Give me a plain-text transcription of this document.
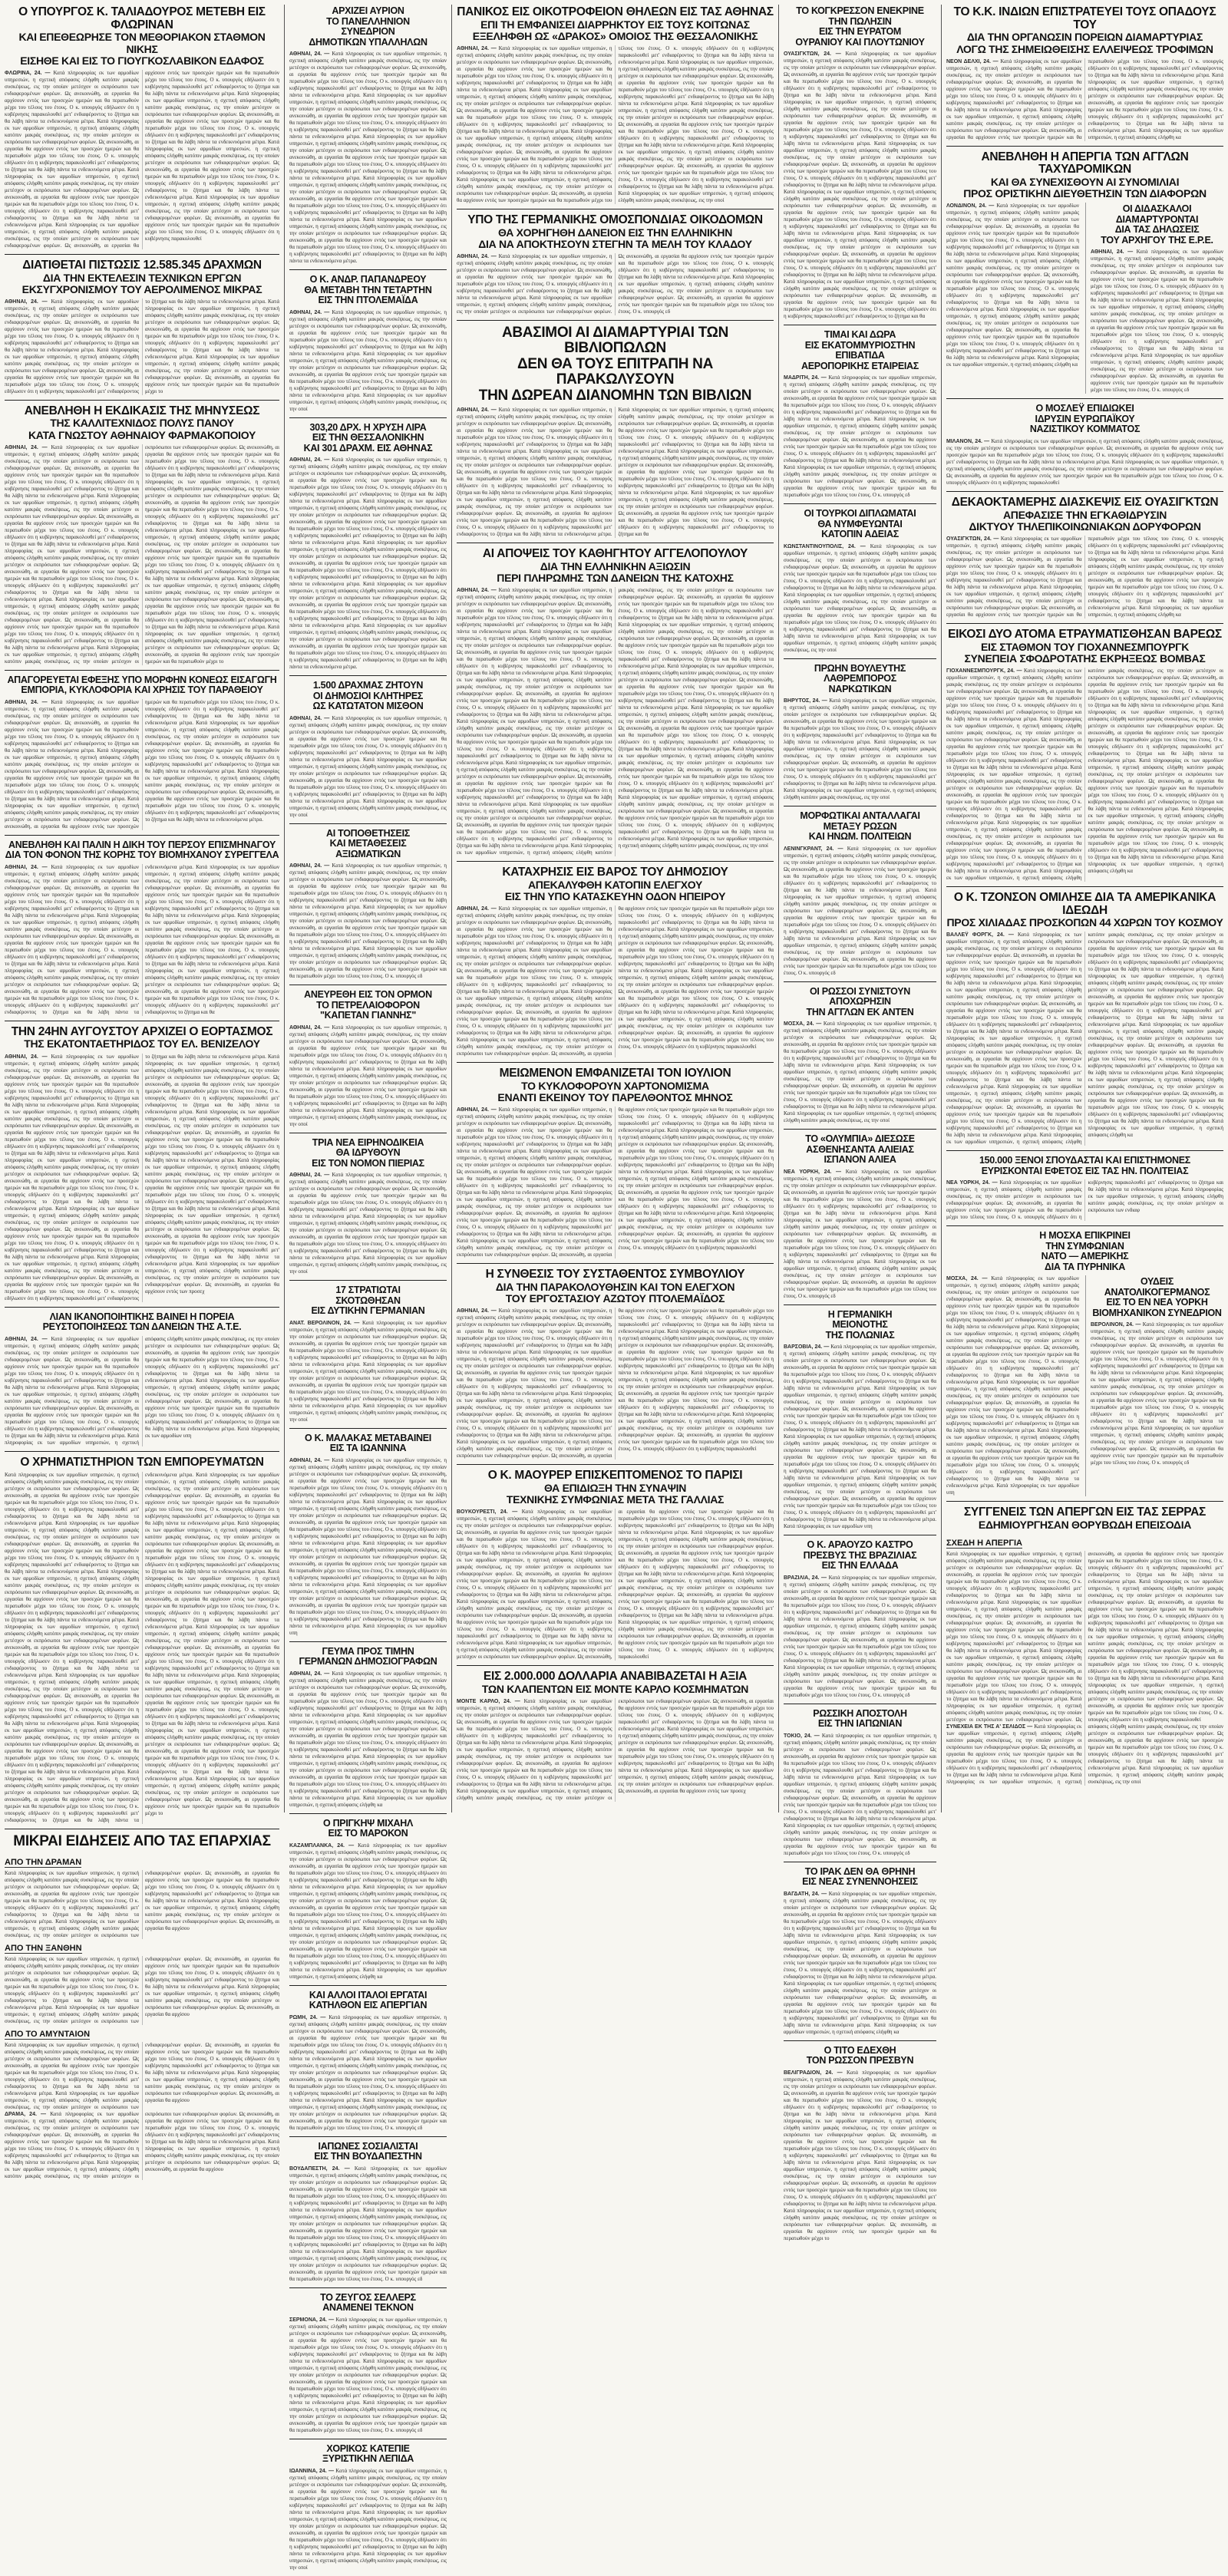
Ο ΥΠΟΥΡΓΟΣ Κ. ΤΑΛΙΑΔΟΥΡΟΣ ΜΕΤΕΒΗ ΕΙΣ ΦΛΩΡΙΝΑΝ
ΚΑΙ ΕΠΕΘΕΩΡΗΣΕ ΤΟΝ ΜΕΘΟΡΙΑΚΟΝ ΣΤΑΘΜΟΝ ΝΙΚΗΣ
ΕΙΣΗΘΕ ΚΑΙ ΕΙΣ ΤΟ ΓΙΟΥΓΚΟΣΛΑΒΙΚΟΝ ΕΔΑΦΟΣ

ΦΛΩΡΙΝΑ, 24. — Κατά πληροφορίας εκ των αρμοδίων υπηρεσιών, η σχετική απόφασις ελήφθη κατόπιν μακράς συσκέψεως, εις την οποίαν μετέσχον οι εκπρόσωποι των ενδιαφερομένων φορέων. Ως ανεκοινώθη, αι εργασίαι θα αρχίσουν εντός των προσεχών ημερών και θα περατωθούν μέχρι του τέλους του έτους. Ο κ. υπουργός εδήλωσεν ότι η κυβέρνησις παρακολουθεί μετ' ενδιαφέροντος το ζήτημα και θα λάβη πάντα τα ενδεικνυόμενα μέτρα. Κατά πληροφορίας εκ των αρμοδίων υπηρεσιών, η σχετική απόφασις ελήφθη κατόπιν μακράς συσκέψεως, εις την οποίαν μετέσχον οι εκπρόσωποι των ενδιαφερομένων φορέων. Ως ανεκοινώθη, αι εργασίαι θα αρχίσουν εντός των προσεχών ημερών και θα περατωθούν μέχρι του τέλους του έτους. Ο κ. υπουργός εδήλωσεν ότι η κυβέρνησις παρακολουθεί μετ' ενδιαφέροντος το ζήτημα και θα λάβη πάντα τα ενδεικνυόμενα μέτρα. Κατά πληροφορίας εκ των αρμοδίων υπηρεσιών, η σχετική απόφασις ελήφθη κατόπιν μακράς συσκέψεως, εις την οποίαν μετέσχον οι εκπρόσωποι των ενδιαφερομένων φορέων. Ως ανεκοινώθη, αι εργασίαι θα αρχίσουν εντός των προσεχών ημερών και θα περατωθούν μέχρι του τέλους του έτους. Ο κ. υπουργός εδήλωσεν ότι η κυβέρνησις παρακολουθεί μετ' ενδιαφέροντος το ζήτημα και θα λάβη πάντα τα ενδεικνυόμενα μέτρα. Κατά πληροφορίας εκ των αρμοδίων υπηρεσιών, η σχετική απόφασις ελήφθη κατόπιν μακράς συσκέψεως, εις την οποίαν μετέσχον οι εκπρόσωποι των ενδιαφερομένων φορέων. Ως ανεκοινώθη, αι εργασίαι θα αρχίσουν εντός των προσεχών ημερών και θα περατωθούν μέχρι του τέλους του έτους. Ο κ. υπουργός εδήλωσεν ότι η κυβέρνησις παρακολουθεί μετ' ενδιαφέροντος το ζήτημα και θα λάβη πάντα τα ενδεικνυόμενα μέτρα. Κατά πληροφορίας εκ των αρμοδίων υπηρεσιών, η σχετική απόφασις ελήφθη κατόπιν μακράς συσκέψεως, εις την οποίαν μετέσχον οι εκπρόσωποι των ενδιαφερομένων φορέων. Ως ανεκοινώθη, αι εργασίαι θα αρχίσουν εντός των προσεχών ημερών και θα περατωθούν μέχρι του τέλους του έτους. Ο κ. υπουργός εδήλωσεν ότι η κυβέρνησις παρακολουθεί μετ' ενδιαφέροντος το ζήτημα και θα λάβη πάντα τα ενδεικνυόμενα μέτρα. Κατά πληροφορίας εκ των αρμοδίων υπηρεσιών, η σχετική απόφασις ελήφθη κατόπιν μακράς συσκέψεως, εις την οποίαν μετέσχον οι εκπρόσωποι των ενδιαφερομένων φορέων. Ως ανεκοινώθη, αι εργασίαι θα αρχίσουν εντός των προσεχών ημερών και θα περατωθούν μέχρι του τέλους του έτους. Ο κ. υπουργός εδήλωσεν ότι η κυβέρνησις παρακολουθεί μετ' ενδιαφέροντος το ζήτημα και θα λάβη πάντα τα ενδεικνυόμενα μέτρα. Κατά πληροφορίας εκ των αρμοδίων υπηρεσιών, η σχετική απόφασις ελήφθη κατόπιν μακράς συσκέψεως, εις την οποίαν μετέσχον οι εκπρόσωποι των ενδιαφερομένων φορέων. Ως ανεκοινώθη, αι εργασίαι θα αρχίσουν εντός των προσεχών ημερών και θα περατωθούν μέχρι του τέλους του έτους. Ο κ. υπουργός εδήλωσεν ότι η κυβέρνησις παρακολουθεί

ΔΙΑΤΙΘΕΤΑΙ ΠΙΣΤΩΣΙΣ 12.585.345 ΔΡΑΧΜΩΝ
ΔΙΑ ΤΗΝ ΕΚΤΕΛΕΣΙΝ ΤΕΧΝΙΚΩΝ ΕΡΓΩΝ
ΕΚΣΥΓΧΡΟΝΙΣΜΟΥ ΤΟΥ ΑΕΡΟΛΙΜΕΝΟΣ ΜΙΚΡΑΣ

ΑΘΗΝΑΙ, 24. — Κατά πληροφορίας εκ των αρμοδίων υπηρεσιών, η σχετική απόφασις ελήφθη κατόπιν μακράς συσκέψεως, εις την οποίαν μετέσχον οι εκπρόσωποι των ενδιαφερομένων φορέων. Ως ανεκοινώθη, αι εργασίαι θα αρχίσουν εντός των προσεχών ημερών και θα περατωθούν μέχρι του τέλους του έτους. Ο κ. υπουργός εδήλωσεν ότι η κυβέρνησις παρακολουθεί μετ' ενδιαφέροντος το ζήτημα και θα λάβη πάντα τα ενδεικνυόμενα μέτρα. Κατά πληροφορίας εκ των αρμοδίων υπηρεσιών, η σχετική απόφασις ελήφθη κατόπιν μακράς συσκέψεως, εις την οποίαν μετέσχον οι εκπρόσωποι των ενδιαφερομένων φορέων. Ως ανεκοινώθη, αι εργασίαι θα αρχίσουν εντός των προσεχών ημερών και θα περατωθούν μέχρι του τέλους του έτους. Ο κ. υπουργός εδήλωσεν ότι η κυβέρνησις παρακολουθεί μετ' ενδιαφέροντος το ζήτημα και θα λάβη πάντα τα ενδεικνυόμενα μέτρα. Κατά πληροφορίας εκ των αρμοδίων υπηρεσιών, η σχετική απόφασις ελήφθη κατόπιν μακράς συσκέψεως, εις την οποίαν μετέσχον οι εκπρόσωποι των ενδιαφερομένων φορέων. Ως ανεκοινώθη, αι εργασίαι θα αρχίσουν εντός των προσεχών ημερών και θα περατωθούν μέχρι του τέλους του έτους. Ο κ. υπουργός εδήλωσεν ότι η κυβέρνησις παρακολουθεί μετ' ενδιαφέροντος το ζήτημα και θα λάβη πάντα τα ενδεικνυόμενα μέτρα. Κατά πληροφορίας εκ των αρμοδίων υπηρεσιών, η σχετική απόφασις ελήφθη κατόπιν μακράς συσκέψεως, εις την οποίαν μετέσχον οι εκπρόσωποι των ενδιαφερομένων φορέων. Ως ανεκοινώθη, αι εργασίαι θα αρχίσουν εντός των προσεχών ημερών και θα περατωθούν μέχρι το

ΑΝΕΒΛΗΘΗ Η ΕΚΔΙΚΑΣΙΣ ΤΗΣ ΜΗΝΥΣΕΩΣ
ΤΗΣ ΚΑΛΛΙΤΕΧΝΙΔΟΣ ΠΟΛΥΣ ΠΑΝΟΥ
ΚΑΤΑ ΓΝΩΣΤΟΥ ΑΘΗΝΑΙΟΥ ΦΑΡΜΑΚΟΠΟΙΟΥ

ΑΘΗΝΑΙ, 24. — Κατά πληροφορίας εκ των αρμοδίων υπηρεσιών, η σχετική απόφασις ελήφθη κατόπιν μακράς συσκέψεως, εις την οποίαν μετέσχον οι εκπρόσωποι των ενδιαφερομένων φορέων. Ως ανεκοινώθη, αι εργασίαι θα αρχίσουν εντός των προσεχών ημερών και θα περατωθούν μέχρι του τέλους του έτους. Ο κ. υπουργός εδήλωσεν ότι η κυβέρνησις παρακολουθεί μετ' ενδιαφέροντος το ζήτημα και θα λάβη πάντα τα ενδεικνυόμενα μέτρα. Κατά πληροφορίας εκ των αρμοδίων υπηρεσιών, η σχετική απόφασις ελήφθη κατόπιν μακράς συσκέψεως, εις την οποίαν μετέσχον οι εκπρόσωποι των ενδιαφερομένων φορέων. Ως ανεκοινώθη, αι εργασίαι θα αρχίσουν εντός των προσεχών ημερών και θα περατωθούν μέχρι του τέλους του έτους. Ο κ. υπουργός εδήλωσεν ότι η κυβέρνησις παρακολουθεί μετ' ενδιαφέροντος το ζήτημα και θα λάβη πάντα τα ενδεικνυόμενα μέτρα. Κατά πληροφορίας εκ των αρμοδίων υπηρεσιών, η σχετική απόφασις ελήφθη κατόπιν μακράς συσκέψεως, εις την οποίαν μετέσχον οι εκπρόσωποι των ενδιαφερομένων φορέων. Ως ανεκοινώθη, αι εργασίαι θα αρχίσουν εντός των προσεχών ημερών και θα περατωθούν μέχρι του τέλους του έτους. Ο κ. υπουργός εδήλωσεν ότι η κυβέρνησις παρακολουθεί μετ' ενδιαφέροντος το ζήτημα και θα λάβη πάντα τα ενδεικνυόμενα μέτρα. Κατά πληροφορίας εκ των αρμοδίων υπηρεσιών, η σχετική απόφασις ελήφθη κατόπιν μακράς συσκέψεως, εις την οποίαν μετέσχον οι εκπρόσωποι των ενδιαφερομένων φορέων. Ως ανεκοινώθη, αι εργασίαι θα αρχίσουν εντός των προσεχών ημερών και θα περατωθούν μέχρι του τέλους του έτους. Ο κ. υπουργός εδήλωσεν ότι η κυβέρνησις παρακολουθεί μετ' ενδιαφέροντος το ζήτημα και θα λάβη πάντα τα ενδεικνυόμενα μέτρα. Κατά πληροφορίας εκ των αρμοδίων υπηρεσιών, η σχετική απόφασις ελήφθη κατόπιν μακράς συσκέψεως, εις την οποίαν μετέσχον οι εκπρόσωποι των ενδιαφερομένων φορέων. Ως ανεκοινώθη, αι εργασίαι θα αρχίσουν εντός των προσεχών ημερών και θα περατωθούν μέχρι του τέλους του έτους. Ο κ. υπουργός εδήλωσεν ότι η κυβέρνησις παρακολουθεί μετ' ενδιαφέροντος το ζήτημα και θα λάβη πάντα τα ενδεικνυόμενα μέτρα. Κατά πληροφορίας εκ των αρμοδίων υπηρεσιών, η σχετική απόφασις ελήφθη κατόπιν μακράς συσκέψεως, εις την οποίαν μετέσχον οι εκπρόσωποι των ενδιαφερομένων φορέων. Ως ανεκοινώθη, αι εργασίαι θα αρχίσουν εντός των προσεχών ημερών και θα περατωθούν μέχρι του τέλους του έτους. Ο κ. υπουργός εδήλωσεν ότι η κυβέρνησις παρακολουθεί μετ' ενδιαφέροντος το ζήτημα και θα λάβη πάντα τα ενδεικνυόμενα μέτρα. Κατά πληροφορίας εκ των αρμοδίων υπηρεσιών, η σχετική απόφασις ελήφθη κατόπιν μακράς συσκέψεως, εις την οποίαν μετέσχον οι εκπρόσωποι των ενδιαφερομένων φορέων. Ως ανεκοινώθη, αι εργασίαι θα αρχίσουν εντός των προσεχών ημερών και θα περατωθούν μέχρι του τέλους του έτους. Ο κ. υπουργός εδήλωσεν ότι η κυβέρνησις παρακολουθεί μετ' ενδιαφέροντος το ζήτημα και θα λάβη πάντα τα ενδεικνυόμενα μέτρα. Κατά πληροφορίας εκ των αρμοδίων υπηρεσιών, η σχετική απόφασις ελήφθη κατόπιν μακράς συσκέψεως, εις την οποίαν μετέσχον οι εκπρόσωποι των ενδιαφερομένων φορέων. Ως ανεκοινώθη, αι εργασίαι θα αρχίσουν εντός των προσεχών ημερών και θα περατωθούν μέχρι του τέλους του έτους. Ο κ. υπουργός εδήλωσεν ότι η κυβέρνησις παρακολουθεί μετ' ενδιαφέροντος το ζήτημα και θα λάβη πάντα τα ενδεικνυόμενα μέτρα. Κατά πληροφορίας εκ των αρμοδίων υπηρεσιών, η σχετική απόφασις ελήφθη κατόπιν μακράς συσκέψεως, εις την οποίαν μετέσχον οι εκπρόσωποι των ενδιαφερομένων φορέων. Ως ανεκοινώθη, αι εργασίαι θα αρχίσουν εντός των προσεχών ημερών και θα περατωθούν μέχρι το

ΑΠΑΓΟΡΕΥΕΤΑΙ ΕΦΕΞΗΣ ΥΠΟ ΜΟΡΦΗΝ ΚΟΝΕΩΣ ΕΙΣΑΓΩΓΗ
ΕΜΠΟΡΙΑ, ΚΥΚΛΟΦΟΡΙΑ ΚΑΙ ΧΡΗΣΙΣ ΤΟΥ ΠΑΡΑΘΕΙΟΥ

ΑΘΗΝΑΙ, 24. — Κατά πληροφορίας εκ των αρμοδίων υπηρεσιών, η σχετική απόφασις ελήφθη κατόπιν μακράς συσκέψεως, εις την οποίαν μετέσχον οι εκπρόσωποι των ενδιαφερομένων φορέων. Ως ανεκοινώθη, αι εργασίαι θα αρχίσουν εντός των προσεχών ημερών και θα περατωθούν μέχρι του τέλους του έτους. Ο κ. υπουργός εδήλωσεν ότι η κυβέρνησις παρακολουθεί μετ' ενδιαφέροντος το ζήτημα και θα λάβη πάντα τα ενδεικνυόμενα μέτρα. Κατά πληροφορίας εκ των αρμοδίων υπηρεσιών, η σχετική απόφασις ελήφθη κατόπιν μακράς συσκέψεως, εις την οποίαν μετέσχον οι εκπρόσωποι των ενδιαφερομένων φορέων. Ως ανεκοινώθη, αι εργασίαι θα αρχίσουν εντός των προσεχών ημερών και θα περατωθούν μέχρι του τέλους του έτους. Ο κ. υπουργός εδήλωσεν ότι η κυβέρνησις παρακολουθεί μετ' ενδιαφέροντος το ζήτημα και θα λάβη πάντα τα ενδεικνυόμενα μέτρα. Κατά πληροφορίας εκ των αρμοδίων υπηρεσιών, η σχετική απόφασις ελήφθη κατόπιν μακράς συσκέψεως, εις την οποίαν μετέσχον οι εκπρόσωποι των ενδιαφερομένων φορέων. Ως ανεκοινώθη, αι εργασίαι θα αρχίσουν εντός των προσεχών ημερών και θα περατωθούν μέχρι του τέλους του έτους. Ο κ. υπουργός εδήλωσεν ότι η κυβέρνησις παρακολουθεί μετ' ενδιαφέροντος το ζήτημα και θα λάβη πάντα τα ενδεικνυόμενα μέτρα. Κατά πληροφορίας εκ των αρμοδίων υπηρεσιών, η σχετική απόφασις ελήφθη κατόπιν μακράς συσκέψεως, εις την οποίαν μετέσχον οι εκπρόσωποι των ενδιαφερομένων φορέων. Ως ανεκοινώθη, αι εργασίαι θα αρχίσουν εντός των προσεχών ημερών και θα περατωθούν μέχρι του τέλους του έτους. Ο κ. υπουργός εδήλωσεν ότι η κυβέρνησις παρακολουθεί μετ' ενδιαφέροντος το ζήτημα και θα λάβη πάντα τα ενδεικνυόμενα μέτρα. Κατά πληροφορίας εκ των αρμοδίων υπηρεσιών, η σχετική απόφασις ελήφθη κατόπιν μακράς συσκέψεως, εις την οποίαν μετέσχον οι εκπρόσωποι των ενδιαφερομένων φορέων. Ως ανεκοινώθη, αι εργασίαι θα αρχίσουν εντός των προσεχών ημερών και θα περατωθούν μέχρι του τέλους του έτους. Ο κ. υπουργός εδήλωσεν ότι η κυβέρνησις παρακολουθεί μετ' ενδιαφέροντος το ζήτημα και θα λάβη πάντα τα ενδεικνυόμενα μέτρα.

ΑΝΕΒΛΗΘΗ ΚΑΙ ΠΑΛΙΝ Η ΔΙΚΗ ΤΟΥ ΠΕΡΣΟΥ ΕΠΙΣΜΗΝΑΓΟΥ
ΔΙΑ ΤΟΝ ΦΟΝΟΝ ΤΗΣ ΚΟΡΗΣ ΤΟΥ ΒΙΟΜΗΧΑΝΟΥ ΣΥΡΕΓΓΕΛΑ

ΑΘΗΝΑΙ, 24. — Κατά πληροφορίας εκ των αρμοδίων υπηρεσιών, η σχετική απόφασις ελήφθη κατόπιν μακράς συσκέψεως, εις την οποίαν μετέσχον οι εκπρόσωποι των ενδιαφερομένων φορέων. Ως ανεκοινώθη, αι εργασίαι θα αρχίσουν εντός των προσεχών ημερών και θα περατωθούν μέχρι του τέλους του έτους. Ο κ. υπουργός εδήλωσεν ότι η κυβέρνησις παρακολουθεί μετ' ενδιαφέροντος το ζήτημα και θα λάβη πάντα τα ενδεικνυόμενα μέτρα. Κατά πληροφορίας εκ των αρμοδίων υπηρεσιών, η σχετική απόφασις ελήφθη κατόπιν μακράς συσκέψεως, εις την οποίαν μετέσχον οι εκπρόσωποι των ενδιαφερομένων φορέων. Ως ανεκοινώθη, αι εργασίαι θα αρχίσουν εντός των προσεχών ημερών και θα περατωθούν μέχρι του τέλους του έτους. Ο κ. υπουργός εδήλωσεν ότι η κυβέρνησις παρακολουθεί μετ' ενδιαφέροντος το ζήτημα και θα λάβη πάντα τα ενδεικνυόμενα μέτρα. Κατά πληροφορίας εκ των αρμοδίων υπηρεσιών, η σχετική απόφασις ελήφθη κατόπιν μακράς συσκέψεως, εις την οποίαν μετέσχον οι εκπρόσωποι των ενδιαφερομένων φορέων. Ως ανεκοινώθη, αι εργασίαι θα αρχίσουν εντός των προσεχών ημερών και θα περατωθούν μέχρι του τέλους του έτους. Ο κ. υπουργός εδήλωσεν ότι η κυβέρνησις παρακολουθεί μετ' ενδιαφέροντος το ζήτημα και θα λάβη πάντα τα ενδεικνυόμενα μέτρα. Κατά πληροφορίας εκ των αρμοδίων υπηρεσιών, η σχετική απόφασις ελήφθη κατόπιν μακράς συσκέψεως, εις την οποίαν μετέσχον οι εκπρόσωποι των ενδιαφερομένων φορέων. Ως ανεκοινώθη, αι εργασίαι θα αρχίσουν εντός των προσεχών ημερών και θα περατωθούν μέχρι του τέλους του έτους. Ο κ. υπουργός εδήλωσεν ότι η κυβέρνησις παρακολουθεί μετ' ενδιαφέροντος το ζήτημα και θα λάβη πάντα τα ενδεικνυόμενα μέτρα. Κατά πληροφορίας εκ των αρμοδίων υπηρεσιών, η σχετική απόφασις ελήφθη κατόπιν μακράς συσκέψεως, εις την οποίαν μετέσχον οι εκπρόσωποι των ενδιαφερομένων φορέων. Ως ανεκοινώθη, αι εργασίαι θα αρχίσουν εντός των προσεχών ημερών και θα περατωθούν μέχρι του τέλους του έτους. Ο κ. υπουργός εδήλωσεν ότι η κυβέρνησις παρακολουθεί μετ' ενδιαφέροντος το ζήτημα και θα λάβη πάντα τα ενδεικνυόμενα μέτρα. Κατά πληροφορίας εκ των αρμοδίων υπηρεσιών, η σχετική απόφασις ελήφθη κατόπιν μακράς συσκέψεως, εις την οποίαν μετέσχον οι εκπρόσωποι των ενδιαφερομένων φορέων. Ως ανεκοινώθη, αι εργασίαι θα αρχίσουν εντός των προσεχών ημερών και θα περατωθούν μέχρι του τέλους του έτους. Ο κ. υπουργός εδήλωσεν ότι η κυβέρνησις παρακολουθεί μετ' ενδιαφέροντος το ζήτημα και θα

ΤΗΝ 24ΗΝ ΑΥΓΟΥΣΤΟΥ ΑΡΧΙΖΕΙ Ο ΕΟΡΤΑΣΜΟΣ
ΤΗΣ ΕΚΑΤΟΝΤΑΕΤΗΡΙΔΟΣ ΤΟΥ ΕΛ. ΒΕΝΙΖΕΛΟΥ

ΑΘΗΝΑΙ, 24. — Κατά πληροφορίας εκ των αρμοδίων υπηρεσιών, η σχετική απόφασις ελήφθη κατόπιν μακράς συσκέψεως, εις την οποίαν μετέσχον οι εκπρόσωποι των ενδιαφερομένων φορέων. Ως ανεκοινώθη, αι εργασίαι θα αρχίσουν εντός των προσεχών ημερών και θα περατωθούν μέχρι του τέλους του έτους. Ο κ. υπουργός εδήλωσεν ότι η κυβέρνησις παρακολουθεί μετ' ενδιαφέροντος το ζήτημα και θα λάβη πάντα τα ενδεικνυόμενα μέτρα. Κατά πληροφορίας εκ των αρμοδίων υπηρεσιών, η σχετική απόφασις ελήφθη κατόπιν μακράς συσκέψεως, εις την οποίαν μετέσχον οι εκπρόσωποι των ενδιαφερομένων φορέων. Ως ανεκοινώθη, αι εργασίαι θα αρχίσουν εντός των προσεχών ημερών και θα περατωθούν μέχρι του τέλους του έτους. Ο κ. υπουργός εδήλωσεν ότι η κυβέρνησις παρακολουθεί μετ' ενδιαφέροντος το ζήτημα και θα λάβη πάντα τα ενδεικνυόμενα μέτρα. Κατά πληροφορίας εκ των αρμοδίων υπηρεσιών, η σχετική απόφασις ελήφθη κατόπιν μακράς συσκέψεως, εις την οποίαν μετέσχον οι εκπρόσωποι των ενδιαφερομένων φορέων. Ως ανεκοινώθη, αι εργασίαι θα αρχίσουν εντός των προσεχών ημερών και θα περατωθούν μέχρι του τέλους του έτους. Ο κ. υπουργός εδήλωσεν ότι η κυβέρνησις παρακολουθεί μετ' ενδιαφέροντος το ζήτημα και θα λάβη πάντα τα ενδεικνυόμενα μέτρα. Κατά πληροφορίας εκ των αρμοδίων υπηρεσιών, η σχετική απόφασις ελήφθη κατόπιν μακράς συσκέψεως, εις την οποίαν μετέσχον οι εκπρόσωποι των ενδιαφερομένων φορέων. Ως ανεκοινώθη, αι εργασίαι θα αρχίσουν εντός των προσεχών ημερών και θα περατωθούν μέχρι του τέλους του έτους. Ο κ. υπουργός εδήλωσεν ότι η κυβέρνησις παρακολουθεί μετ' ενδιαφέροντος το ζήτημα και θα λάβη πάντα τα ενδεικνυόμενα μέτρα. Κατά πληροφορίας εκ των αρμοδίων υπηρεσιών, η σχετική απόφασις ελήφθη κατόπιν μακράς συσκέψεως, εις την οποίαν μετέσχον οι εκπρόσωποι των ενδιαφερομένων φορέων. Ως ανεκοινώθη, αι εργασίαι θα αρχίσουν εντός των προσεχών ημερών και θα περατωθούν μέχρι του τέλους του έτους. Ο κ. υπουργός εδήλωσεν ότι η κυβέρνησις παρακολουθεί μετ' ενδιαφέροντος το ζήτημα και θα λάβη πάντα τα ενδεικνυόμενα μέτρα. Κατά πληροφορίας εκ των αρμοδίων υπηρεσιών, η σχετική απόφασις ελήφθη κατόπιν μακράς συσκέψεως, εις την οποίαν μετέσχον οι εκπρόσωποι των ενδιαφερομένων φορέων. Ως ανεκοινώθη, αι εργασίαι θα αρχίσουν εντός των προσεχών ημερών και θα περατωθούν μέχρι του τέλους του έτους. Ο κ. υπουργός εδήλωσεν ότι η κυβέρνησις παρακολουθεί μετ' ενδιαφέροντος το ζήτημα και θα λάβη πάντα τα ενδεικνυόμενα μέτρα. Κατά πληροφορίας εκ των αρμοδίων υπηρεσιών, η σχετική απόφασις ελήφθη κατόπιν μακράς συσκέψεως, εις την οποίαν μετέσχον οι εκπρόσωποι των ενδιαφερομένων φορέων. Ως ανεκοινώθη, αι εργασίαι θα αρχίσουν εντός των προσεχών ημερών και θα περατωθούν μέχρι του τέλους του έτους. Ο κ. υπουργός εδήλωσεν ότι η κυβέρνησις παρακολουθεί μετ' ενδιαφέροντος το ζήτημα και θα λάβη πάντα τα ενδεικνυόμενα μέτρα. Κατά πληροφορίας εκ των αρμοδίων υπηρεσιών, η σχετική απόφασις ελήφθη κατόπιν μακράς συσκέψεως, εις την οποίαν μετέσχον οι εκπρόσωποι των ενδιαφερομένων φορέων. Ως ανεκοινώθη, αι εργασίαι θα αρχίσουν εντός των προσεχών ημερών και θα περατωθούν μέχρι του τέλους του έτους. Ο κ. υπουργός εδήλωσεν ότι η κυβέρνησις παρακολουθεί μετ' ενδιαφέροντος το ζήτημα και θα λάβη πάντα τα ενδεικνυόμενα μέτρα. Κατά πληροφορίας εκ των αρμοδίων υπηρεσιών, η σχετική απόφασις ελήφθη κατόπιν μακράς συσκέψεως, εις την οποίαν μετέσχον οι εκπρόσωποι των ενδιαφερομένων φορέων. Ως ανεκοινώθη, αι εργασίαι θα αρχίσουν εντός των προσεχών ημερών και θα περατωθούν μέχρι του τέλους του έτους. Ο κ. υπουργός εδήλωσεν ότι η κυβέρνησις παρακολουθεί μετ' ενδιαφέροντος το ζήτημα και θα λάβη πάντα τα ενδεικνυόμενα μέτρα. Κατά πληροφορίας εκ των αρμοδίων υπηρεσιών, η σχετική απόφασις ελήφθη κατόπιν μακράς συσκέψεως, εις την οποίαν μετέσχον οι εκπρόσωποι των ενδιαφερομένων φορέων. Ως ανεκοινώθη, αι εργασίαι θα αρχίσουν εντός των προσεχ

ΛΙΑΝ ΙΚΑΝΟΠΟΙΗΤΙΚΗΣ ΒΑΙΝΕΙ Η ΠΟΡΕΙΑ
ΡΕΥΣΤΟΠΟΙΗΣΕΩΣ ΤΩΝ ΔΑΝΕΙΩΝ ΤΗΣ Α.Τ.Ε.

ΑΘΗΝΑΙ, 24. — Κατά πληροφορίας εκ των αρμοδίων υπηρεσιών, η σχετική απόφασις ελήφθη κατόπιν μακράς συσκέψεως, εις την οποίαν μετέσχον οι εκπρόσωποι των ενδιαφερομένων φορέων. Ως ανεκοινώθη, αι εργασίαι θα αρχίσουν εντός των προσεχών ημερών και θα περατωθούν μέχρι του τέλους του έτους. Ο κ. υπουργός εδήλωσεν ότι η κυβέρνησις παρακολουθεί μετ' ενδιαφέροντος το ζήτημα και θα λάβη πάντα τα ενδεικνυόμενα μέτρα. Κατά πληροφορίας εκ των αρμοδίων υπηρεσιών, η σχετική απόφασις ελήφθη κατόπιν μακράς συσκέψεως, εις την οποίαν μετέσχον οι εκπρόσωποι των ενδιαφερομένων φορέων. Ως ανεκοινώθη, αι εργασίαι θα αρχίσουν εντός των προσεχών ημερών και θα περατωθούν μέχρι του τέλους του έτους. Ο κ. υπουργός εδήλωσεν ότι η κυβέρνησις παρακολουθεί μετ' ενδιαφέροντος το ζήτημα και θα λάβη πάντα τα ενδεικνυόμενα μέτρα. Κατά πληροφορίας εκ των αρμοδίων υπηρεσιών, η σχετική απόφασις ελήφθη κατόπιν μακράς συσκέψεως, εις την οποίαν μετέσχον οι εκπρόσωποι των ενδιαφερομένων φορέων. Ως ανεκοινώθη, αι εργασίαι θα αρχίσουν εντός των προσεχών ημερών και θα περατωθούν μέχρι του τέλους του έτους. Ο κ. υπουργός εδήλωσεν ότι η κυβέρνησις παρακολουθεί μετ' ενδιαφέροντος το ζήτημα και θα λάβη πάντα τα ενδεικνυόμενα μέτρα. Κατά πληροφορίας εκ των αρμοδίων υπηρεσιών, η σχετική απόφασις ελήφθη κατόπιν μακράς συσκέψεως, εις την οποίαν μετέσχον οι εκπρόσωποι των ενδιαφερομένων φορέων. Ως ανεκοινώθη, αι εργασίαι θα αρχίσουν εντός των προσεχών ημερών και θα περατωθούν μέχρι του τέλους του έτους. Ο κ. υπουργός εδήλωσεν ότι η κυβέρνησις παρακολουθεί μετ' ενδιαφέροντος το ζήτημα και θα λάβη πάντα τα ενδεικνυόμενα μέτρα. Κατά πληροφορίας εκ των αρμοδίων υπη

Ο ΧΡΗΜΑΤΙΣΤΗΡΙΟΝ ΤΩΝ ΕΜΠΟΡΕΥΜΑΤΩΝ

Κατά πληροφορίας εκ των αρμοδίων υπηρεσιών, η σχετική απόφασις ελήφθη κατόπιν μακράς συσκέψεως, εις την οποίαν μετέσχον οι εκπρόσωποι των ενδιαφερομένων φορέων. Ως ανεκοινώθη, αι εργασίαι θα αρχίσουν εντός των προσεχών ημερών και θα περατωθούν μέχρι του τέλους του έτους. Ο κ. υπουργός εδήλωσεν ότι η κυβέρνησις παρακολουθεί μετ' ενδιαφέροντος το ζήτημα και θα λάβη πάντα τα ενδεικνυόμενα μέτρα. Κατά πληροφορίας εκ των αρμοδίων υπηρεσιών, η σχετική απόφασις ελήφθη κατόπιν μακράς συσκέψεως, εις την οποίαν μετέσχον οι εκπρόσωποι των ενδιαφερομένων φορέων. Ως ανεκοινώθη, αι εργασίαι θα αρχίσουν εντός των προσεχών ημερών και θα περατωθούν μέχρι του τέλους του έτους. Ο κ. υπουργός εδήλωσεν ότι η κυβέρνησις παρακολουθεί μετ' ενδιαφέροντος το ζήτημα και θα λάβη πάντα τα ενδεικνυόμενα μέτρα. Κατά πληροφορίας εκ των αρμοδίων υπηρεσιών, η σχετική απόφασις ελήφθη κατόπιν μακράς συσκέψεως, εις την οποίαν μετέσχον οι εκπρόσωποι των ενδιαφερομένων φορέων. Ως ανεκοινώθη, αι εργασίαι θα αρχίσουν εντός των προσεχών ημερών και θα περατωθούν μέχρι του τέλους του έτους. Ο κ. υπουργός εδήλωσεν ότι η κυβέρνησις παρακολουθεί μετ' ενδιαφέροντος το ζήτημα και θα λάβη πάντα τα ενδεικνυόμενα μέτρα. Κατά πληροφορίας εκ των αρμοδίων υπηρεσιών, η σχετική απόφασις ελήφθη κατόπιν μακράς συσκέψεως, εις την οποίαν μετέσχον οι εκπρόσωποι των ενδιαφερομένων φορέων. Ως ανεκοινώθη, αι εργασίαι θα αρχίσουν εντός των προσεχών ημερών και θα περατωθούν μέχρι του τέλους του έτους. Ο κ. υπουργός εδήλωσεν ότι η κυβέρνησις παρακολουθεί μετ' ενδιαφέροντος το ζήτημα και θα λάβη πάντα τα ενδεικνυόμενα μέτρα. Κατά πληροφορίας εκ των αρμοδίων υπηρεσιών, η σχετική απόφασις ελήφθη κατόπιν μακράς συσκέψεως, εις την οποίαν μετέσχον οι εκπρόσωποι των ενδιαφερομένων φορέων. Ως ανεκοινώθη, αι εργασίαι θα αρχίσουν εντός των προσεχών ημερών και θα περατωθούν μέχρι του τέλους του έτους. Ο κ. υπουργός εδήλωσεν ότι η κυβέρνησις παρακολουθεί μετ' ενδιαφέροντος το ζήτημα και θα λάβη πάντα τα ενδεικνυόμενα μέτρα. Κατά πληροφορίας εκ των αρμοδίων υπηρεσιών, η σχετική απόφασις ελήφθη κατόπιν μακράς συσκέψεως, εις την οποίαν μετέσχον οι εκπρόσωποι των ενδιαφερομένων φορέων. Ως ανεκοινώθη, αι εργασίαι θα αρχίσουν εντός των προσεχών ημερών και θα περατωθούν μέχρι του τέλους του έτους. Ο κ. υπουργός εδήλωσεν ότι η κυβέρνησις παρακολουθεί μετ' ενδιαφέροντος το ζήτημα και θα λάβη πάντα τα ενδεικνυόμενα μέτρα. Κατά πληροφορίας εκ των αρμοδίων υπηρεσιών, η σχετική απόφασις ελήφθη κατόπιν μακράς συσκέψεως, εις την οποίαν μετέσχον οι εκπρόσωποι των ενδιαφερομένων φορέων. Ως ανεκοινώθη, αι εργασίαι θα αρχίσουν εντός των προσεχών ημερών και θα περατωθούν μέχρι του τέλους του έτους. Ο κ. υπουργός εδήλωσεν ότι η κυβέρνησις παρακολουθεί μετ' ενδιαφέροντος το ζήτημα και θα λάβη πάντα τα ενδεικνυόμενα μέτρα. Κατά πληροφορίας εκ των αρμοδίων υπηρεσιών, η σχετική απόφασις ελήφθη κατόπιν μακράς συσκέψεως, εις την οποίαν μετέσχον οι εκπρόσωποι των ενδιαφερομένων φορέων. Ως ανεκοινώθη, αι εργασίαι θα αρχίσουν εντός των προσεχών ημερών και θα περατωθούν μέχρι του τέλους του έτους. Ο κ. υπουργός εδήλωσεν ότι η κυβέρνησις παρακολουθεί μετ' ενδιαφέροντος το ζήτημα και θα λάβη πάντα τα ενδεικνυόμενα μέτρα. Κατά πληροφορίας εκ των αρμοδίων υπηρεσιών, η σχετική απόφασις ελήφθη κατόπιν μακράς συσκέψεως, εις την οποίαν μετέσχον οι εκπρόσωποι των ενδιαφερομένων φορέων. Ως ανεκοινώθη, αι εργασίαι θα αρχίσουν εντός των προσεχών ημερών και θα περατωθούν μέχρι του τέλους του έτους. Ο κ. υπουργός εδήλωσεν ότι η κυβέρνησις παρακολουθεί μετ' ενδιαφέροντος το ζήτημα και θα λάβη πάντα τα ενδεικνυόμενα μέτρα. Κατά πληροφορίας εκ των αρμοδίων υπηρεσιών, η σχετική απόφασις ελήφθη κατόπιν μακράς συσκέψεως, εις την οποίαν μετέσχον οι εκπρόσωποι των ενδιαφερομένων φορέων. Ως ανεκοινώθη, αι εργασίαι θα αρχίσουν εντός των προσεχών ημερών και θα περατωθούν μέχρι του τέλους του έτους. Ο κ. υπουργός εδήλωσεν ότι η κυβέρνησις παρακολουθεί μετ' ενδιαφέροντος το ζήτημα και θα λάβη πάντα τα ενδεικνυόμενα μέτρα. Κατά πληροφορίας εκ των αρμοδίων υπηρεσιών, η σχετική απόφασις ελήφθη κατόπιν μακράς συσκέψεως, εις την οποίαν μετέσχον οι εκπρόσωποι των ενδιαφερομένων φορέων. Ως ανεκοινώθη, αι εργασίαι θα αρχίσουν εντός των προσεχών ημερών και θα περατωθούν μέχρι του τέλους του έτους. Ο κ. υπουργός εδήλωσεν ότι η κυβέρνησις παρακολουθεί μετ' ενδιαφέροντος το ζήτημα και θα λάβη πάντα τα ενδεικνυόμενα μέτρα. Κατά πληροφορίας εκ των αρμοδίων υπηρεσιών, η σχετική απόφασις ελήφθη κατόπιν μακράς συσκέψεως, εις την οποίαν μετέσχον οι εκπρόσωποι των ενδιαφερομένων φορέων. Ως ανεκοινώθη, αι εργασίαι θα αρχίσουν εντός των προσεχών ημερών και θα περατωθούν μέχρι του τέλους του έτους. Ο κ. υπουργός εδήλωσεν ότι η κυβέρνησις παρακολουθεί μετ' ενδιαφέροντος το ζήτημα και θα λάβη πάντα τα ενδεικνυόμενα μέτρα. Κατά πληροφορίας εκ των αρμοδίων υπηρεσιών, η σχετική απόφασις ελήφθη κατόπιν μακράς συσκέψεως, εις την οποίαν μετέσχον οι εκπρόσωποι των ενδιαφερομένων φορέων. Ως ανεκοινώθη, αι εργασίαι θα αρχίσουν εντός των προσεχών ημερών και θα περατωθούν μέχρι του τέλους του έτους. Ο κ. υπουργός εδήλωσεν ότι η κυβέρνησις παρακολουθεί μετ' ενδιαφέροντος το ζήτημα και θα λάβη πάντα τα ενδεικνυόμενα μέτρα. Κατά πληροφορίας εκ των αρμοδίων υπηρεσιών, η σχετική απόφασις ελήφθη κατόπιν μακράς συσκέψεως, εις την οποίαν μετέσχον οι εκπρόσωποι των ενδιαφερομένων φορέων. Ως ανεκοινώθη, αι εργασίαι θα αρχίσουν εντός των προσεχών ημερών και θα περατωθούν μέχρι το

ΜΙΚΡΑΙ ΕΙΔΗΣΕΙΣ ΑΠΟ ΤΑΣ ΕΠΑΡΧΙΑΣ
ΑΠΟ ΤΗΝ ΔΡΑΜΑΝ

Κατά πληροφορίας εκ των αρμοδίων υπηρεσιών, η σχετική απόφασις ελήφθη κατόπιν μακράς συσκέψεως, εις την οποίαν μετέσχον οι εκπρόσωποι των ενδιαφερομένων φορέων. Ως ανεκοινώθη, αι εργασίαι θα αρχίσουν εντός των προσεχών ημερών και θα περατωθούν μέχρι του τέλους του έτους. Ο κ. υπουργός εδήλωσεν ότι η κυβέρνησις παρακολουθεί μετ' ενδιαφέροντος το ζήτημα και θα λάβη πάντα τα ενδεικνυόμενα μέτρα. Κατά πληροφορίας εκ των αρμοδίων υπηρεσιών, η σχετική απόφασις ελήφθη κατόπιν μακράς συσκέψεως, εις την οποίαν μετέσχον οι εκπρόσωποι των ενδιαφερομένων φορέων. Ως ανεκοινώθη, αι εργασίαι θα αρχίσουν εντός των προσεχών ημερών και θα περατωθούν μέχρι του τέλους του έτους. Ο κ. υπουργός εδήλωσεν ότι η κυβέρνησις παρακολουθεί μετ' ενδιαφέροντος το ζήτημα και θα λάβη πάντα τα ενδεικνυόμενα μέτρα. Κατά πληροφορίας εκ των αρμοδίων υπηρεσιών, η σχετική απόφασις ελήφθη κατόπιν μακράς συσκέψεως, εις την οποίαν μετέσχον οι εκπρόσωποι των ενδιαφερομένων φορέων. Ως ανεκοινώθη, αι εργασίαι θα αρχίσου

ΑΠΟ ΤΗΝ ΞΑΝΘΗΝ

Κατά πληροφορίας εκ των αρμοδίων υπηρεσιών, η σχετική απόφασις ελήφθη κατόπιν μακράς συσκέψεως, εις την οποίαν μετέσχον οι εκπρόσωποι των ενδιαφερομένων φορέων. Ως ανεκοινώθη, αι εργασίαι θα αρχίσουν εντός των προσεχών ημερών και θα περατωθούν μέχρι του τέλους του έτους. Ο κ. υπουργός εδήλωσεν ότι η κυβέρνησις παρακολουθεί μετ' ενδιαφέροντος το ζήτημα και θα λάβη πάντα τα ενδεικνυόμενα μέτρα. Κατά πληροφορίας εκ των αρμοδίων υπηρεσιών, η σχετική απόφασις ελήφθη κατόπιν μακράς συσκέψεως, εις την οποίαν μετέσχον οι εκπρόσωποι των ενδιαφερομένων φορέων. Ως ανεκοινώθη, αι εργασίαι θα αρχίσουν εντός των προσεχών ημερών και θα περατωθούν μέχρι του τέλους του έτους. Ο κ. υπουργός εδήλωσεν ότι η κυβέρνησις παρακολουθεί μετ' ενδιαφέροντος το ζήτημα και θα λάβη πάντα τα ενδεικνυόμενα μέτρα. Κατά πληροφορίας εκ των αρμοδίων υπηρεσιών, η σχετική απόφασις ελήφθη κατόπιν μακράς συσκέψεως, εις την οποίαν μετέσχον οι εκπρόσωποι των ενδιαφερομένων φορέων. Ως ανεκοινώθη, αι εργασίαι θα αρχίσου

ΑΠΟ ΤΟ ΑΜΥΝΤΑΙΟΝ

Κατά πληροφορίας εκ των αρμοδίων υπηρεσιών, η σχετική απόφασις ελήφθη κατόπιν μακράς συσκέψεως, εις την οποίαν μετέσχον οι εκπρόσωποι των ενδιαφερομένων φορέων. Ως ανεκοινώθη, αι εργασίαι θα αρχίσουν εντός των προσεχών ημερών και θα περατωθούν μέχρι του τέλους του έτους. Ο κ. υπουργός εδήλωσεν ότι η κυβέρνησις παρακολουθεί μετ' ενδιαφέροντος το ζήτημα και θα λάβη πάντα τα ενδεικνυόμενα μέτρα. Κατά πληροφορίας εκ των αρμοδίων υπηρεσιών, η σχετική απόφασις ελήφθη κατόπιν μακράς συσκέψεως, εις την οποίαν μετέσχον οι εκπρόσωποι των ενδιαφερομένων φορέων. Ως ανεκοινώθη, αι εργασίαι θα αρχίσουν εντός των προσεχών ημερών και θα περατωθούν μέχρι του τέλους του έτους. Ο κ. υπουργός εδήλωσεν ότι η κυβέρνησις παρακολουθεί μετ' ενδιαφέροντος το ζήτημα και θα λάβη πάντα τα ενδεικνυόμενα μέτρα. Κατά πληροφορίας εκ των αρμοδίων υπηρεσιών, η σχετική απόφασις ελήφθη κατόπιν μακράς συσκέψεως, εις την οποίαν μετέσχον οι εκπρόσωποι των ενδιαφερομένων φορέων. Ως ανεκοινώθη, αι εργασίαι θα αρχίσου

ΔΡΑΜΑ, 24. — Κατά πληροφορίας εκ των αρμοδίων υπηρεσιών, η σχετική απόφασις ελήφθη κατόπιν μακράς συσκέψεως, εις την οποίαν μετέσχον οι εκπρόσωποι των ενδιαφερομένων φορέων. Ως ανεκοινώθη, αι εργασίαι θα αρχίσουν εντός των προσεχών ημερών και θα περατωθούν μέχρι του τέλους του έτους. Ο κ. υπουργός εδήλωσεν ότι η κυβέρνησις παρακολουθεί μετ' ενδιαφέροντος το ζήτημα και θα λάβη πάντα τα ενδεικνυόμενα μέτρα. Κατά πληροφορίας εκ των αρμοδίων υπηρεσιών, η σχετική απόφασις ελήφθη κατόπιν μακράς συσκέψεως, εις την οποίαν μετέσχον οι εκπρόσωποι των ενδιαφερομένων φορέων. Ως ανεκοινώθη, αι εργασίαι θα αρχίσουν εντός των προσεχών ημερών και θα περατωθούν μέχρι του τέλους του έτους. Ο κ. υπουργός εδήλωσεν ότι η κυβέρνησις παρακολουθεί μετ' ενδιαφέροντος το ζήτημα και θα λάβη πάντα τα ενδεικνυόμενα μέτρα. Κατά πληροφορίας εκ των αρμοδίων υπηρεσιών, η σχετική απόφασις ελήφθη κατόπιν μακράς συσκέψεως, εις την οποίαν μετέσχον οι εκπρόσωποι των ενδιαφερομένων φορέων. Ως ανεκοινώθη, αι εργασίαι θα αρχίσου

ΑΡΧΙΖΕΙ ΑΥΡΙΟΝ
ΤΟ ΠΑΝΕΛΛΗΝΙΟΝ
ΣΥΝΕΔΡΙΟΝ
ΔΗΜΟΤΙΚΩΝ ΥΠΑΛΛΗΛΩΝ

ΑΘΗΝΑΙ, 24. — Κατά πληροφορίας εκ των αρμοδίων υπηρεσιών, η σχετική απόφασις ελήφθη κατόπιν μακράς συσκέψεως, εις την οποίαν μετέσχον οι εκπρόσωποι των ενδιαφερομένων φορέων. Ως ανεκοινώθη, αι εργασίαι θα αρχίσουν εντός των προσεχών ημερών και θα περατωθούν μέχρι του τέλους του έτους. Ο κ. υπουργός εδήλωσεν ότι η κυβέρνησις παρακολουθεί μετ' ενδιαφέροντος το ζήτημα και θα λάβη πάντα τα ενδεικνυόμενα μέτρα. Κατά πληροφορίας εκ των αρμοδίων υπηρεσιών, η σχετική απόφασις ελήφθη κατόπιν μακράς συσκέψεως, εις την οποίαν μετέσχον οι εκπρόσωποι των ενδιαφερομένων φορέων. Ως ανεκοινώθη, αι εργασίαι θα αρχίσουν εντός των προσεχών ημερών και θα περατωθούν μέχρι του τέλους του έτους. Ο κ. υπουργός εδήλωσεν ότι η κυβέρνησις παρακολουθεί μετ' ενδιαφέροντος το ζήτημα και θα λάβη πάντα τα ενδεικνυόμενα μέτρα. Κατά πληροφορίας εκ των αρμοδίων υπηρεσιών, η σχετική απόφασις ελήφθη κατόπιν μακράς συσκέψεως, εις την οποίαν μετέσχον οι εκπρόσωποι των ενδιαφερομένων φορέων. Ως ανεκοινώθη, αι εργασίαι θα αρχίσουν εντός των προσεχών ημερών και θα περατωθούν μέχρι του τέλους του έτους. Ο κ. υπουργός εδήλωσεν ότι η κυβέρνησις παρακολουθεί μετ' ενδιαφέροντος το ζήτημα και θα λάβη πάντα τα ενδεικνυόμενα μέτρα. Κατά πληροφορίας εκ των αρμοδίων υπηρεσιών, η σχετική απόφασις ελήφθη κατόπιν μακράς συσκέψεως, εις την οποίαν μετέσχον οι εκπρόσωποι των ενδιαφερομένων φορέων. Ως ανεκοινώθη, αι εργασίαι θα αρχίσουν εντός των προσεχών ημερών και θα περατωθούν μέχρι του τέλους του έτους. Ο κ. υπουργός εδήλωσεν ότι η κυβέρνησις παρακολουθεί μετ' ενδιαφέροντος το ζήτημα και θα λάβη πάντα τα ενδεικνυόμενα μέτρα. Κατά πληροφορίας εκ των αρμοδίων υπηρεσιών, η σχετική απόφασις ελήφθη κατόπιν μακράς συσκέψεως, εις την οποίαν μετέσχον οι εκπρόσωποι των ενδιαφερομένων φορέων. Ως ανεκοινώθη, αι εργασίαι θα αρχίσουν εντός των προσεχών ημερών και θα περατωθούν μέχρι του τέλους του έτους. Ο κ. υπουργός εδήλωσεν ότι η κυβέρνησις παρακολουθεί μετ' ενδιαφέροντος το ζήτημα και θα λάβη πάντα τα ενδεικνυόμενα μέτρα.

Ο Κ. ΑΝΔΡ. ΠΑΠΑΝΔΡΕΟΥ
ΘΑ ΜΕΤΑΒΗ ΤΗΝ ΤΕΤΑΡΤΗΝ
ΕΙΣ ΤΗΝ ΠΤΟΛΕΜΑΪΔΑ

ΑΘΗΝΑΙ, 24. — Κατά πληροφορίας εκ των αρμοδίων υπηρεσιών, η σχετική απόφασις ελήφθη κατόπιν μακράς συσκέψεως, εις την οποίαν μετέσχον οι εκπρόσωποι των ενδιαφερομένων φορέων. Ως ανεκοινώθη, αι εργασίαι θα αρχίσουν εντός των προσεχών ημερών και θα περατωθούν μέχρι του τέλους του έτους. Ο κ. υπουργός εδήλωσεν ότι η κυβέρνησις παρακολουθεί μετ' ενδιαφέροντος το ζήτημα και θα λάβη πάντα τα ενδεικνυόμενα μέτρα. Κατά πληροφορίας εκ των αρμοδίων υπηρεσιών, η σχετική απόφασις ελήφθη κατόπιν μακράς συσκέψεως, εις την οποίαν μετέσχον οι εκπρόσωποι των ενδιαφερομένων φορέων. Ως ανεκοινώθη, αι εργασίαι θα αρχίσουν εντός των προσεχών ημερών και θα περατωθούν μέχρι του τέλους του έτους. Ο κ. υπουργός εδήλωσεν ότι η κυβέρνησις παρακολουθεί μετ' ενδιαφέροντος το ζήτημα και θα λάβη πάντα τα ενδεικνυόμενα μέτρα. Κατά πληροφορίας εκ των αρμοδίων υπηρεσιών, η σχετική απόφασις ελήφθη κατόπιν μακράς συσκέψεως, εις την οποί

303,20 ΔΡΧ. Η ΧΡΥΣΗ ΛΙΡΑ
ΕΙΣ ΤΗΝ ΘΕΣΣΑΛΟΝΙΚΗΝ
ΚΑΙ 301 ΔΡΑΧΜ. ΕΙΣ ΑΘΗΝΑΣ

ΑΘΗΝΑΙ, 24. — Κατά πληροφορίας εκ των αρμοδίων υπηρεσιών, η σχετική απόφασις ελήφθη κατόπιν μακράς συσκέψεως, εις την οποίαν μετέσχον οι εκπρόσωποι των ενδιαφερομένων φορέων. Ως ανεκοινώθη, αι εργασίαι θα αρχίσουν εντός των προσεχών ημερών και θα περατωθούν μέχρι του τέλους του έτους. Ο κ. υπουργός εδήλωσεν ότι η κυβέρνησις παρακολουθεί μετ' ενδιαφέροντος το ζήτημα και θα λάβη πάντα τα ενδεικνυόμενα μέτρα. Κατά πληροφορίας εκ των αρμοδίων υπηρεσιών, η σχετική απόφασις ελήφθη κατόπιν μακράς συσκέψεως, εις την οποίαν μετέσχον οι εκπρόσωποι των ενδιαφερομένων φορέων. Ως ανεκοινώθη, αι εργασίαι θα αρχίσουν εντός των προσεχών ημερών και θα περατωθούν μέχρι του τέλους του έτους. Ο κ. υπουργός εδήλωσεν ότι η κυβέρνησις παρακολουθεί μετ' ενδιαφέροντος το ζήτημα και θα λάβη πάντα τα ενδεικνυόμενα μέτρα. Κατά πληροφορίας εκ των αρμοδίων υπηρεσιών, η σχετική απόφασις ελήφθη κατόπιν μακράς συσκέψεως, εις την οποίαν μετέσχον οι εκπρόσωποι των ενδιαφερομένων φορέων. Ως ανεκοινώθη, αι εργασίαι θα αρχίσουν εντός των προσεχών ημερών και θα περατωθούν μέχρι του τέλους του έτους. Ο κ. υπουργός εδήλωσεν ότι η κυβέρνησις παρακολουθεί μετ' ενδιαφέροντος το ζήτημα και θα λάβη πάντα τα ενδεικνυόμενα μέτρα. Κατά πληροφορίας εκ των αρμοδίων υπηρεσιών, η σχετική απόφασις ελήφθη κατόπιν μακράς συσκέψεως, εις την οποίαν μετέσχον οι εκπρόσωποι των ενδιαφερομένων φορέων. Ως ανεκοινώθη, αι εργασίαι θα αρχίσουν εντός των προσεχών ημερών και θα περατωθούν μέχρι του τέλους του έτους. Ο κ. υπουργός εδήλωσεν ότι η κυβέρνησις παρακολουθεί μετ' ενδιαφέροντος το ζήτημα και θα λάβη πάντα τα ενδεικνυόμενα μέτρα. Κατά πληροφορίας εκ των αρμοδίων υπηρεσιών, η σχετική απόφασις ελήφθη κατόπιν μακράς συσκέψεως, εις την οποίαν μετέσχον οι εκπρόσωποι των ενδιαφερομένων φορέων. Ως ανεκοινώθη, αι εργασίαι θα αρχίσουν εντός των προσεχών ημερών και θα περατωθούν μέχρι του τέλους του έτους. Ο κ. υπουργός εδήλωσεν ότι η κυβέρνησις παρακολουθεί μετ' ενδιαφέροντος το ζήτημα και θα λάβη πάντα τα ενδεικνυόμενα μέτρα.

1.500 ΔΡΑΧΜΑΣ ΖΗΤΟΥΝ
ΟΙ ΔΗΜΟΣΙΟΙ ΚΛΗΤΗΡΕΣ
ΩΣ ΚΑΤΩΤΑΤΟΝ ΜΙΣΘΟΝ

ΑΘΗΝΑΙ, 24. — Κατά πληροφορίας εκ των αρμοδίων υπηρεσιών, η σχετική απόφασις ελήφθη κατόπιν μακράς συσκέψεως, εις την οποίαν μετέσχον οι εκπρόσωποι των ενδιαφερομένων φορέων. Ως ανεκοινώθη, αι εργασίαι θα αρχίσουν εντός των προσεχών ημερών και θα περατωθούν μέχρι του τέλους του έτους. Ο κ. υπουργός εδήλωσεν ότι η κυβέρνησις παρακολουθεί μετ' ενδιαφέροντος το ζήτημα και θα λάβη πάντα τα ενδεικνυόμενα μέτρα. Κατά πληροφορίας εκ των αρμοδίων υπηρεσιών, η σχετική απόφασις ελήφθη κατόπιν μακράς συσκέψεως, εις την οποίαν μετέσχον οι εκπρόσωποι των ενδιαφερομένων φορέων. Ως ανεκοινώθη, αι εργασίαι θα αρχίσουν εντός των προσεχών ημερών και θα περατωθούν μέχρι του τέλους του έτους. Ο κ. υπουργός εδήλωσεν ότι η κυβέρνησις παρακολουθεί μετ' ενδιαφέροντος το ζήτημα και θα λάβη πάντα τα ενδεικνυόμενα μέτρα. Κατά πληροφορίας εκ των αρμοδίων υπηρεσιών, η σχετική απόφασις ελήφθη κατόπιν μακράς συσκέψεως, εις την οποί

ΑΙ ΤΟΠΟΘΕΤΗΣΕΙΣ
ΚΑΙ ΜΕΤΑΘΕΣΕΙΣ
ΑΞΙΩΜΑΤΙΚΩΝ

ΑΘΗΝΑΙ, 24. — Κατά πληροφορίας εκ των αρμοδίων υπηρεσιών, η σχετική απόφασις ελήφθη κατόπιν μακράς συσκέψεως, εις την οποίαν μετέσχον οι εκπρόσωποι των ενδιαφερομένων φορέων. Ως ανεκοινώθη, αι εργασίαι θα αρχίσουν εντός των προσεχών ημερών και θα περατωθούν μέχρι του τέλους του έτους. Ο κ. υπουργός εδήλωσεν ότι η κυβέρνησις παρακολουθεί μετ' ενδιαφέροντος το ζήτημα και θα λάβη πάντα τα ενδεικνυόμενα μέτρα. Κατά πληροφορίας εκ των αρμοδίων υπηρεσιών, η σχετική απόφασις ελήφθη κατόπιν μακράς συσκέψεως, εις την οποίαν μετέσχον οι εκπρόσωποι των ενδιαφερομένων φορέων. Ως ανεκοινώθη, αι εργασίαι θα αρχίσουν εντός των προσεχών ημερών και θα περατωθούν μέχρι του τέλους του έτους. Ο κ. υπουργός εδήλωσεν ότι η κυβέρνησις παρακολουθεί μετ' ενδιαφέροντος το ζήτημα και θα λάβη πάντα τα ενδεικνυόμενα μέτρα. Κατά πληροφορίας εκ των αρμοδίων υπηρεσιών, η σχετική απόφασις ελήφθη κατόπιν μακράς συσκέψεως, εις την οποίαν μετέσχον οι εκπρόσωποι των ενδιαφερομένων φορέων. Ως ανεκοινώθη, αι εργασίαι θα αρχίσουν εντός των προσεχών ημερών και θα περατωθούν μέχρι του τέλους του έτους. Ο κ. υπουργός εδ

ΑΝΕΥΡΕΘΗ ΕΙΣ ΤΟΝ ΟΡΜΟΝ
ΤΟ ΠΕΤΡΕΛΑΙΟΦΟΡΟΝ
"ΚΑΠΕΤΑΝ ΓΙΑΝΝΗΣ"

ΑΘΗΝΑΙ, 24. — Κατά πληροφορίας εκ των αρμοδίων υπηρεσιών, η σχετική απόφασις ελήφθη κατόπιν μακράς συσκέψεως, εις την οποίαν μετέσχον οι εκπρόσωποι των ενδιαφερομένων φορέων. Ως ανεκοινώθη, αι εργασίαι θα αρχίσουν εντός των προσεχών ημερών και θα περατωθούν μέχρι του τέλους του έτους. Ο κ. υπουργός εδήλωσεν ότι η κυβέρνησις παρακολουθεί μετ' ενδιαφέροντος το ζήτημα και θα λάβη πάντα τα ενδεικνυόμενα μέτρα. Κατά πληροφορίας εκ των αρμοδίων υπηρεσιών, η σχετική απόφασις ελήφθη κατόπιν μακράς συσκέψεως, εις την οποίαν μετέσχον οι εκπρόσωποι των ενδιαφερομένων φορέων. Ως ανεκοινώθη, αι εργασίαι θα αρχίσουν εντός των προσεχών ημερών και θα περατωθούν μέχρι του τέλους του έτους. Ο κ. υπουργός εδήλωσεν ότι η κυβέρνησις παρακολουθεί μετ' ενδιαφέροντος το ζήτημα και θα λάβη πάντα τα ενδεικνυόμενα μέτρα. Κατά πληροφορίας εκ των αρμοδίων υπηρεσιών, η σχετική απόφασις ελήφθη κατόπιν μακράς συσκέψεως, εις την οποί

ΤΡΙΑ ΝΕΑ ΕΙΡΗΝΟΔΙΚΕΙΑ
ΘΑ ΙΔΡΥΘΟΥΝ
ΕΙΣ ΤΟΝ ΝΟΜΟΝ ΠΙΕΡΙΑΣ

ΑΘΗΝΑΙ, 24. — Κατά πληροφορίας εκ των αρμοδίων υπηρεσιών, η σχετική απόφασις ελήφθη κατόπιν μακράς συσκέψεως, εις την οποίαν μετέσχον οι εκπρόσωποι των ενδιαφερομένων φορέων. Ως ανεκοινώθη, αι εργασίαι θα αρχίσουν εντός των προσεχών ημερών και θα περατωθούν μέχρι του τέλους του έτους. Ο κ. υπουργός εδήλωσεν ότι η κυβέρνησις παρακολουθεί μετ' ενδιαφέροντος το ζήτημα και θα λάβη πάντα τα ενδεικνυόμενα μέτρα. Κατά πληροφορίας εκ των αρμοδίων υπηρεσιών, η σχετική απόφασις ελήφθη κατόπιν μακράς συσκέψεως, εις την οποίαν μετέσχον οι εκπρόσωποι των ενδιαφερομένων φορέων. Ως ανεκοινώθη, αι εργασίαι θα αρχίσουν εντός των προσεχών ημερών και θα περατωθούν μέχρι του τέλους του έτους. Ο κ. υπουργός εδήλωσεν ότι η κυβέρνησις παρακολουθεί μετ' ενδιαφέροντος το ζήτημα και θα λάβη πάντα τα ενδεικνυόμενα μέτρα. Κατά πληροφορίας εκ των αρμοδίων υπηρεσιών, η σχετική απόφασις ελήφθη κατόπιν μακράς συσκέψεως, εις την οποί

17 ΣΤΡΑΤΙΩΤΑΙ
ΣΚΟΤΩΘΗΣΑΝ
ΕΙΣ ΔΥΤΙΚΗΝ ΓΕΡΜΑΝΙΑΝ

ΑΝΑΤ. ΒΕΡΟΛΙΝΟΝ, 24. — Κατά πληροφορίας εκ των αρμοδίων υπηρεσιών, η σχετική απόφασις ελήφθη κατόπιν μακράς συσκέψεως, εις την οποίαν μετέσχον οι εκπρόσωποι των ενδιαφερομένων φορέων. Ως ανεκοινώθη, αι εργασίαι θα αρχίσουν εντός των προσεχών ημερών και θα περατωθούν μέχρι του τέλους του έτους. Ο κ. υπουργός εδήλωσεν ότι η κυβέρνησις παρακολουθεί μετ' ενδιαφέροντος το ζήτημα και θα λάβη πάντα τα ενδεικνυόμενα μέτρα. Κατά πληροφορίας εκ των αρμοδίων υπηρεσιών, η σχετική απόφασις ελήφθη κατόπιν μακράς συσκέψεως, εις την οποίαν μετέσχον οι εκπρόσωποι των ενδιαφερομένων φορέων. Ως ανεκοινώθη, αι εργασίαι θα αρχίσουν εντός των προσεχών ημερών και θα περατωθούν μέχρι του τέλους του έτους. Ο κ. υπουργός εδήλωσεν ότι η κυβέρνησις παρακολουθεί μετ' ενδιαφέροντος το ζήτημα και θα λάβη πάντα τα ενδεικνυόμενα μέτρα. Κατά πληροφορίας εκ των αρμοδίων υπηρεσιών, η σχετική απόφασις ελήφθη κατόπιν μακράς συσκέψεως, εις την οποί

Ο Κ. ΜΑΛΑΚΑΣ ΜΕΤΑΒΑΙΝΕΙ
ΕΙΣ ΤΑ ΙΩΑΝΝΙΝΑ

ΑΘΗΝΑΙ, 24. — Κατά πληροφορίας εκ των αρμοδίων υπηρεσιών, η σχετική απόφασις ελήφθη κατόπιν μακράς συσκέψεως, εις την οποίαν μετέσχον οι εκπρόσωποι των ενδιαφερομένων φορέων. Ως ανεκοινώθη, αι εργασίαι θα αρχίσουν εντός των προσεχών ημερών και θα περατωθούν μέχρι του τέλους του έτους. Ο κ. υπουργός εδήλωσεν ότι η κυβέρνησις παρακολουθεί μετ' ενδιαφέροντος το ζήτημα και θα λάβη πάντα τα ενδεικνυόμενα μέτρα. Κατά πληροφορίας εκ των αρμοδίων υπηρεσιών, η σχετική απόφασις ελήφθη κατόπιν μακράς συσκέψεως, εις την οποίαν μετέσχον οι εκπρόσωποι των ενδιαφερομένων φορέων. Ως ανεκοινώθη, αι εργασίαι θα αρχίσουν εντός των προσεχών ημερών και θα περατωθούν μέχρι του τέλους του έτους. Ο κ. υπουργός εδήλωσεν ότι η κυβέρνησις παρακολουθεί μετ' ενδιαφέροντος το ζήτημα και θα λάβη πάντα τα ενδεικνυόμενα μέτρα. Κατά πληροφορίας εκ των αρμοδίων υπηρεσιών, η σχετική απόφασις ελήφθη κατόπιν μακράς συσκέψεως, εις την οποίαν μετέσχον οι εκπρόσωποι των ενδιαφερομένων φορέων. Ως ανεκοινώθη, αι εργασίαι θα αρχίσουν εντός των προσεχών ημερών και θα περατωθούν μέχρι του τέλους του έτους. Ο κ. υπουργός εδήλωσεν ότι η κυβέρνησις παρακολουθεί μετ' ενδιαφέροντος το ζήτημα και θα λάβη πάντα τα ενδεικνυόμενα μέτρα. Κατά πληροφορίας εκ των αρμοδίων υπηρεσιών, η σχετική απόφασις ελήφθη κατόπιν μακράς συσκέψεως, εις την οποίαν μετέσχον οι εκπρόσωποι των ενδιαφερομένων φορέων. Ως ανεκοινώθη, αι εργασίαι θα αρχίσουν εντός των προσεχών ημερών και θα περατωθούν μέχρι του τέλους του έτους. Ο κ. υπουργός εδήλωσεν ότι η κυβέρνησις παρακολουθεί μετ' ενδιαφέροντος το ζήτημα και θα λάβη πάντα τα ενδεικνυόμενα μέτρα. Κατά πληροφορίας εκ των αρμοδίων υπη

ΓΕΥΜΑ ΠΡΟΣ ΤΙΜΗΝ
ΓΕΡΜΑΝΩΝ ΔΗΜΟΣΙΟΓΡΑΦΩΝ

ΑΘΗΝΑΙ, 24. — Κατά πληροφορίας εκ των αρμοδίων υπηρεσιών, η σχετική απόφασις ελήφθη κατόπιν μακράς συσκέψεως, εις την οποίαν μετέσχον οι εκπρόσωποι των ενδιαφερομένων φορέων. Ως ανεκοινώθη, αι εργασίαι θα αρχίσουν εντός των προσεχών ημερών και θα περατωθούν μέχρι του τέλους του έτους. Ο κ. υπουργός εδήλωσεν ότι η κυβέρνησις παρακολουθεί μετ' ενδιαφέροντος το ζήτημα και θα λάβη πάντα τα ενδεικνυόμενα μέτρα. Κατά πληροφορίας εκ των αρμοδίων υπηρεσιών, η σχετική απόφασις ελήφθη κατόπιν μακράς συσκέψεως, εις την οποίαν μετέσχον οι εκπρόσωποι των ενδιαφερομένων φορέων. Ως ανεκοινώθη, αι εργασίαι θα αρχίσουν εντός των προσεχών ημερών και θα περατωθούν μέχρι του τέλους του έτους. Ο κ. υπουργός εδήλωσεν ότι η κυβέρνησις παρακολουθεί μετ' ενδιαφέροντος το ζήτημα και θα λάβη πάντα τα ενδεικνυόμενα μέτρα. Κατά πληροφορίας εκ των αρμοδίων υπηρεσιών, η σχετική απόφασις ελήφθη κατόπιν μακράς συσκέψεως, εις την οποίαν μετέσχον οι εκπρόσωποι των ενδιαφερομένων φορέων. Ως ανεκοινώθη, αι εργασίαι θα αρχίσουν εντός των προσεχών ημερών και θα περατωθούν μέχρι του τέλους του έτους. Ο κ. υπουργός εδήλωσεν ότι η κυβέρνησις παρακολουθεί μετ' ενδιαφέροντος το ζήτημα και θα λάβη πάντα τα ενδεικνυόμενα μέτρα. Κατά πληροφορίας εκ των αρμοδίων υπηρεσιών, η σχετική απόφασις ελήφθη κα

Ο ΠΡΙΓΚΗΨ ΜΙΧΑΗΛ
ΕΙΣ ΤΟ ΜΑΡΟΚΟΝ

ΚΑΖΑΜΠΛΑΝΚΑ, 24. — Κατά πληροφορίας εκ των αρμοδίων υπηρεσιών, η σχετική απόφασις ελήφθη κατόπιν μακράς συσκέψεως, εις την οποίαν μετέσχον οι εκπρόσωποι των ενδιαφερομένων φορέων. Ως ανεκοινώθη, αι εργασίαι θα αρχίσουν εντός των προσεχών ημερών και θα περατωθούν μέχρι του τέλους του έτους. Ο κ. υπουργός εδήλωσεν ότι η κυβέρνησις παρακολουθεί μετ' ενδιαφέροντος το ζήτημα και θα λάβη πάντα τα ενδεικνυόμενα μέτρα. Κατά πληροφορίας εκ των αρμοδίων υπηρεσιών, η σχετική απόφασις ελήφθη κατόπιν μακράς συσκέψεως, εις την οποίαν μετέσχον οι εκπρόσωποι των ενδιαφερομένων φορέων. Ως ανεκοινώθη, αι εργασίαι θα αρχίσουν εντός των προσεχών ημερών και θα περατωθούν μέχρι του τέλους του έτους. Ο κ. υπουργός εδήλωσεν ότι η κυβέρνησις παρακολουθεί μετ' ενδιαφέροντος το ζήτημα και θα λάβη πάντα τα ενδεικνυόμενα μέτρα. Κατά πληροφορίας εκ των αρμοδίων υπηρεσιών, η σχετική απόφασις ελήφθη κατόπιν μακράς συσκέψεως, εις την οποίαν μετέσχον οι εκπρόσωποι των ενδιαφερομένων φορέων. Ως ανεκοινώθη, αι εργασίαι θα αρχίσουν εντός των προσεχών ημερών και θα περατωθούν μέχρι του τέλους του έτους. Ο κ. υπουργός εδήλωσεν ότι η κυβέρνησις παρακολουθεί μετ' ενδιαφέροντος το ζήτημα και θα λάβη πάντα τα ενδεικνυόμενα μέτρα. Κατά πληροφορίας εκ των αρμοδίων υπηρεσιών, η σχετική απόφασις ελήφθη κα

ΚΑΙ ΑΛΛΟΙ ΙΤΑΛΟΙ ΕΡΓΑΤΑΙ
ΚΑΤΗΛΘΟΝ ΕΙΣ ΑΠΕΡΓΙΑΝ

ΡΩΜΗ, 24. — Κατά πληροφορίας εκ των αρμοδίων υπηρεσιών, η σχετική απόφασις ελήφθη κατόπιν μακράς συσκέψεως, εις την οποίαν μετέσχον οι εκπρόσωποι των ενδιαφερομένων φορέων. Ως ανεκοινώθη, αι εργασίαι θα αρχίσουν εντός των προσεχών ημερών και θα περατωθούν μέχρι του τέλους του έτους. Ο κ. υπουργός εδήλωσεν ότι η κυβέρνησις παρακολουθεί μετ' ενδιαφέροντος το ζήτημα και θα λάβη πάντα τα ενδεικνυόμενα μέτρα. Κατά πληροφορίας εκ των αρμοδίων υπηρεσιών, η σχετική απόφασις ελήφθη κατόπιν μακράς συσκέψεως, εις την οποίαν μετέσχον οι εκπρόσωποι των ενδιαφερομένων φορέων. Ως ανεκοινώθη, αι εργασίαι θα αρχίσουν εντός των προσεχών ημερών και θα περατωθούν μέχρι του τέλους του έτους. Ο κ. υπουργός εδήλωσεν ότι η κυβέρνησις παρακολουθεί μετ' ενδιαφέροντος το ζήτημα και θα λάβη πάντα τα ενδεικνυόμενα μέτρα. Κατά πληροφορίας εκ των αρμοδίων υπηρεσιών, η σχετική απόφασις ελήφθη κατόπιν μακράς συσκέψεως, εις την οποίαν μετέσχον οι εκπρόσωποι των ενδιαφερομένων φορέων. Ως ανεκοινώθη, αι εργασίαι θα αρχίσουν εντός των προσεχών ημερών και θα περατωθούν μέχρι του τέλους του έτους. Ο κ. υπουργός εδ

ΙΑΠΩΝΕΣ ΣΟΣΙΑΛΙΣΤΑΙ
ΕΙΣ ΤΗΝ ΒΟΥΔΑΠΕΣΤΗΝ

ΒΟΥΔΑΠΕΣΤΗ, 24. — Κατά πληροφορίας εκ των αρμοδίων υπηρεσιών, η σχετική απόφασις ελήφθη κατόπιν μακράς συσκέψεως, εις την οποίαν μετέσχον οι εκπρόσωποι των ενδιαφερομένων φορέων. Ως ανεκοινώθη, αι εργασίαι θα αρχίσουν εντός των προσεχών ημερών και θα περατωθούν μέχρι του τέλους του έτους. Ο κ. υπουργός εδήλωσεν ότι η κυβέρνησις παρακολουθεί μετ' ενδιαφέροντος το ζήτημα και θα λάβη πάντα τα ενδεικνυόμενα μέτρα. Κατά πληροφορίας εκ των αρμοδίων υπηρεσιών, η σχετική απόφασις ελήφθη κατόπιν μακράς συσκέψεως, εις την οποίαν μετέσχον οι εκπρόσωποι των ενδιαφερομένων φορέων. Ως ανεκοινώθη, αι εργασίαι θα αρχίσουν εντός των προσεχών ημερών και θα περατωθούν μέχρι του τέλους του έτους. Ο κ. υπουργός εδήλωσεν ότι η κυβέρνησις παρακολουθεί μετ' ενδιαφέροντος το ζήτημα και θα λάβη πάντα τα ενδεικνυόμενα μέτρα. Κατά πληροφορίας εκ των αρμοδίων υπηρεσιών, η σχετική απόφασις ελήφθη κατόπιν μακράς συσκέψεως, εις την οποίαν μετέσχον οι εκπρόσωποι των ενδιαφερομένων φορέων. Ως ανεκοινώθη, αι εργασίαι θα αρχίσουν εντός των προσεχών ημερών και θα περατωθούν μέχρι του τέλους του έτους. Ο κ. υπουργός εδ

ΤΟ ΖΕΥΓΟΣ ΣΕΛΛΕΡΣ
ΑΝΑΜΕΝΕΙ ΤΕΚΝΟΝ

ΣΕΡΜΟΝΑ, 24. — Κατά πληροφορίας εκ των αρμοδίων υπηρεσιών, η σχετική απόφασις ελήφθη κατόπιν μακράς συσκέψεως, εις την οποίαν μετέσχον οι εκπρόσωποι των ενδιαφερομένων φορέων. Ως ανεκοινώθη, αι εργασίαι θα αρχίσουν εντός των προσεχών ημερών και θα περατωθούν μέχρι του τέλους του έτους. Ο κ. υπουργός εδήλωσεν ότι η κυβέρνησις παρακολουθεί μετ' ενδιαφέροντος το ζήτημα και θα λάβη πάντα τα ενδεικνυόμενα μέτρα. Κατά πληροφορίας εκ των αρμοδίων υπηρεσιών, η σχετική απόφασις ελήφθη κατόπιν μακράς συσκέψεως, εις την οποίαν μετέσχον οι εκπρόσωποι των ενδιαφερομένων φορέων. Ως ανεκοινώθη, αι εργασίαι θα αρχίσουν εντός των προσεχών ημερών και θα περατωθούν μέχρι του τέλους του έτους. Ο κ. υπουργός εδήλωσεν ότι η κυβέρνησις παρακολουθεί μετ' ενδιαφέροντος το ζήτημα και θα λάβη πάντα τα ενδεικνυόμενα μέτρα. Κατά πληροφορίας εκ των αρμοδίων υπηρεσιών, η σχετική απόφασις ελήφθη κατόπιν μακράς συσκέψεως, εις την οποίαν μετέσχον οι εκπρόσωποι των ενδιαφερομένων φορέων. Ως ανεκοινώθη, αι εργασίαι θα αρχίσουν εντός των προσεχών ημερών και θα περατωθούν μέχρι του τέλους του έτους. Ο κ. υπουργός εδ

ΧΟΡΙΚΟΣ ΚΑΤΕΠΙΕ
ΞΥΡΙΣΤΙΚΗΝ ΛΕΠΙΔΑ

ΙΩΑΝΝΙΝΑ, 24. — Κατά πληροφορίας εκ των αρμοδίων υπηρεσιών, η σχετική απόφασις ελήφθη κατόπιν μακράς συσκέψεως, εις την οποίαν μετέσχον οι εκπρόσωποι των ενδιαφερομένων φορέων. Ως ανεκοινώθη, αι εργασίαι θα αρχίσουν εντός των προσεχών ημερών και θα περατωθούν μέχρι του τέλους του έτους. Ο κ. υπουργός εδήλωσεν ότι η κυβέρνησις παρακολουθεί μετ' ενδιαφέροντος το ζήτημα και θα λάβη πάντα τα ενδεικνυόμενα μέτρα. Κατά πληροφορίας εκ των αρμοδίων υπηρεσιών, η σχετική απόφασις ελήφθη κατόπιν μακράς συσκέψεως, εις την οποίαν μετέσχον οι εκπρόσωποι των ενδιαφερομένων φορέων. Ως ανεκοινώθη, αι εργασίαι θα αρχίσουν εντός των προσεχών ημερών και θα περατωθούν μέχρι του τέλους του έτους. Ο κ. υπουργός εδήλωσεν ότι η κυβέρνησις παρακολουθεί μετ' ενδιαφέροντος το ζήτημα και θα λάβη πάντα τα ενδεικνυόμενα μέτρα. Κατά πληροφορίας εκ των αρμοδίων υπηρεσιών, η σχετική απόφασις ελήφθη κατόπιν μακράς συσκέψεως, εις την οποί

ΠΑΝΙΚΟΣ ΕΙΣ ΟΙΚΟΤΡΟΦΕΙΟΝ ΘΗΛΕΩΝ ΕΙΣ ΤΑΣ ΑΘΗΝΑΣ
ΕΠΙ ΤΗ ΕΜΦΑΝΙΣΕΙ ΔΙΑΡΡΗΚΤΟΥ ΕΙΣ ΤΟΥΣ ΚΟΙΤΩΝΑΣ
ΕΞΕΛΗΦΘΗ ΩΣ «ΔΡΑΚΟΣ» ΟΜΟΙΟΣ ΤΗΣ ΘΕΣΣΑΛΟΝΙΚΗΣ

ΑΘΗΝΑΙ, 24. — Κατά πληροφορίας εκ των αρμοδίων υπηρεσιών, η σχετική απόφασις ελήφθη κατόπιν μακράς συσκέψεως, εις την οποίαν μετέσχον οι εκπρόσωποι των ενδιαφερομένων φορέων. Ως ανεκοινώθη, αι εργασίαι θα αρχίσουν εντός των προσεχών ημερών και θα περατωθούν μέχρι του τέλους του έτους. Ο κ. υπουργός εδήλωσεν ότι η κυβέρνησις παρακολουθεί μετ' ενδιαφέροντος το ζήτημα και θα λάβη πάντα τα ενδεικνυόμενα μέτρα. Κατά πληροφορίας εκ των αρμοδίων υπηρεσιών, η σχετική απόφασις ελήφθη κατόπιν μακράς συσκέψεως, εις την οποίαν μετέσχον οι εκπρόσωποι των ενδιαφερομένων φορέων. Ως ανεκοινώθη, αι εργασίαι θα αρχίσουν εντός των προσεχών ημερών και θα περατωθούν μέχρι του τέλους του έτους. Ο κ. υπουργός εδήλωσεν ότι η κυβέρνησις παρακολουθεί μετ' ενδιαφέροντος το ζήτημα και θα λάβη πάντα τα ενδεικνυόμενα μέτρα. Κατά πληροφορίας εκ των αρμοδίων υπηρεσιών, η σχετική απόφασις ελήφθη κατόπιν μακράς συσκέψεως, εις την οποίαν μετέσχον οι εκπρόσωποι των ενδιαφερομένων φορέων. Ως ανεκοινώθη, αι εργασίαι θα αρχίσουν εντός των προσεχών ημερών και θα περατωθούν μέχρι του τέλους του έτους. Ο κ. υπουργός εδήλωσεν ότι η κυβέρνησις παρακολουθεί μετ' ενδιαφέροντος το ζήτημα και θα λάβη πάντα τα ενδεικνυόμενα μέτρα. Κατά πληροφορίας εκ των αρμοδίων υπηρεσιών, η σχετική απόφασις ελήφθη κατόπιν μακράς συσκέψεως, εις την οποίαν μετέσχον οι εκπρόσωποι των ενδιαφερομένων φορέων. Ως ανεκοινώθη, αι εργασίαι θα αρχίσουν εντός των προσεχών ημερών και θα περατωθούν μέχρι του τέλους του έτους. Ο κ. υπουργός εδήλωσεν ότι η κυβέρνησις παρακολουθεί μετ' ενδιαφέροντος το ζήτημα και θα λάβη πάντα τα ενδεικνυόμενα μέτρα. Κατά πληροφορίας εκ των αρμοδίων υπηρεσιών, η σχετική απόφασις ελήφθη κατόπιν μακράς συσκέψεως, εις την οποίαν μετέσχον οι εκπρόσωποι των ενδιαφερομένων φορέων. Ως ανεκοινώθη, αι εργασίαι θα αρχίσουν εντός των προσεχών ημερών και θα περατωθούν μέχρι του τέλους του έτους. Ο κ. υπουργός εδήλωσεν ότι η κυβέρνησις παρακολουθεί μετ' ενδιαφέροντος το ζήτημα και θα λάβη πάντα τα ενδεικνυόμενα μέτρα. Κατά πληροφορίας εκ των αρμοδίων υπηρεσιών, η σχετική απόφασις ελήφθη κατόπιν μακράς συσκέψεως, εις την οποίαν μετέσχον οι εκπρόσωποι των ενδιαφερομένων φορέων. Ως ανεκοινώθη, αι εργασίαι θα αρχίσουν εντός των προσεχών ημερών και θα περατωθούν μέχρι του τέλους του έτους. Ο κ. υπουργός εδήλωσεν ότι η κυβέρνησις παρακολουθεί μετ' ενδιαφέροντος το ζήτημα και θα λάβη πάντα τα ενδεικνυόμενα μέτρα. Κατά πληροφορίας εκ των αρμοδίων υπηρεσιών, η σχετική απόφασις ελήφθη κατόπιν μακράς συσκέψεως, εις την οποίαν μετέσχον οι εκπρόσωποι των ενδιαφερομένων φορέων. Ως ανεκοινώθη, αι εργασίαι θα αρχίσουν εντός των προσεχών ημερών και θα περατωθούν μέχρι του τέλους του έτους. Ο κ. υπουργός εδήλωσεν ότι η κυβέρνησις παρακολουθεί μετ' ενδιαφέροντος το ζήτημα και θα λάβη πάντα τα ενδεικνυόμενα μέτρα. Κατά πληροφορίας εκ των αρμοδίων υπηρεσιών, η σχετική απόφασις ελήφθη κατόπιν μακράς συσκέψεως, εις την οποί

ΥΠΟ ΤΗΣ ΓΕΡΜΑΝΙΚΗΣ ΟΜΟΣΠΟΝΔΙΑΣ ΟΙΚΟΔΟΜΩΝ
ΘΑ ΧΟΡΗΓΗΘΗ ΔΑΝΕΙΟΝ ΕΙΣ ΤΗΝ ΕΛΛΗΝΙΚΗΝ
ΔΙΑ ΝΑ ΑΠΟΚΤΗΣΟΥΝ ΣΤΕΓΗΝ ΤΑ ΜΕΛΗ ΤΟΥ ΚΛΑΔΟΥ

ΑΘΗΝΑΙ, 24. — Κατά πληροφορίας εκ των αρμοδίων υπηρεσιών, η σχετική απόφασις ελήφθη κατόπιν μακράς συσκέψεως, εις την οποίαν μετέσχον οι εκπρόσωποι των ενδιαφερομένων φορέων. Ως ανεκοινώθη, αι εργασίαι θα αρχίσουν εντός των προσεχών ημερών και θα περατωθούν μέχρι του τέλους του έτους. Ο κ. υπουργός εδήλωσεν ότι η κυβέρνησις παρακολουθεί μετ' ενδιαφέροντος το ζήτημα και θα λάβη πάντα τα ενδεικνυόμενα μέτρα. Κατά πληροφορίας εκ των αρμοδίων υπηρεσιών, η σχετική απόφασις ελήφθη κατόπιν μακράς συσκέψεως, εις την οποίαν μετέσχον οι εκπρόσωποι των ενδιαφερομένων φορέων. Ως ανεκοινώθη, αι εργασίαι θα αρχίσουν εντός των προσεχών ημερών και θα περατωθούν μέχρι του τέλους του έτους. Ο κ. υπουργός εδήλωσεν ότι η κυβέρνησις παρακολουθεί μετ' ενδιαφέροντος το ζήτημα και θα λάβη πάντα τα ενδεικνυόμενα μέτρα. Κατά πληροφορίας εκ των αρμοδίων υπηρεσιών, η σχετική απόφασις ελήφθη κατόπιν μακράς συσκέψεως, εις την οποίαν μετέσχον οι εκπρόσωποι των ενδιαφερομένων φορέων. Ως ανεκοινώθη, αι εργασίαι θα αρχίσουν εντός των προσεχών ημερών και θα περατωθούν μέχρι του τέλους του έτους. Ο κ. υπουργός εδ

ΑΒΑΣΙΜΟΙ ΑΙ ΔΙΑΜΑΡΤΥΡΙΑΙ ΤΩΝ ΒΙΒΛΙΟΠΩΛΩΝ
ΔΕΝ ΘΑ ΤΟΥΣ ΕΠΙΤΡΑΠΗ ΝΑ ΠΑΡΑΚΩΛΥΣΟΥΝ
ΤΗΝ ΔΩΡΕΑΝ ΔΙΑΝΟΜΗΝ ΤΩΝ ΒΙΒΛΙΩΝ

ΑΘΗΝΑΙ, 24. — Κατά πληροφορίας εκ των αρμοδίων υπηρεσιών, η σχετική απόφασις ελήφθη κατόπιν μακράς συσκέψεως, εις την οποίαν μετέσχον οι εκπρόσωποι των ενδιαφερομένων φορέων. Ως ανεκοινώθη, αι εργασίαι θα αρχίσουν εντός των προσεχών ημερών και θα περατωθούν μέχρι του τέλους του έτους. Ο κ. υπουργός εδήλωσεν ότι η κυβέρνησις παρακολουθεί μετ' ενδιαφέροντος το ζήτημα και θα λάβη πάντα τα ενδεικνυόμενα μέτρα. Κατά πληροφορίας εκ των αρμοδίων υπηρεσιών, η σχετική απόφασις ελήφθη κατόπιν μακράς συσκέψεως, εις την οποίαν μετέσχον οι εκπρόσωποι των ενδιαφερομένων φορέων. Ως ανεκοινώθη, αι εργασίαι θα αρχίσουν εντός των προσεχών ημερών και θα περατωθούν μέχρι του τέλους του έτους. Ο κ. υπουργός εδήλωσεν ότι η κυβέρνησις παρακολουθεί μετ' ενδιαφέροντος το ζήτημα και θα λάβη πάντα τα ενδεικνυόμενα μέτρα. Κατά πληροφορίας εκ των αρμοδίων υπηρεσιών, η σχετική απόφασις ελήφθη κατόπιν μακράς συσκέψεως, εις την οποίαν μετέσχον οι εκπρόσωποι των ενδιαφερομένων φορέων. Ως ανεκοινώθη, αι εργασίαι θα αρχίσουν εντός των προσεχών ημερών και θα περατωθούν μέχρι του τέλους του έτους. Ο κ. υπουργός εδήλωσεν ότι η κυβέρνησις παρακολουθεί μετ' ενδιαφέροντος το ζήτημα και θα λάβη πάντα τα ενδεικνυόμενα μέτρα. Κατά πληροφορίας εκ των αρμοδίων υπηρεσιών, η σχετική απόφασις ελήφθη κατόπιν μακράς συσκέψεως, εις την οποίαν μετέσχον οι εκπρόσωποι των ενδιαφερομένων φορέων. Ως ανεκοινώθη, αι εργασίαι θα αρχίσουν εντός των προσεχών ημερών και θα περατωθούν μέχρι του τέλους του έτους. Ο κ. υπουργός εδήλωσεν ότι η κυβέρνησις παρακολουθεί μετ' ενδιαφέροντος το ζήτημα και θα λάβη πάντα τα ενδεικνυόμενα μέτρα. Κατά πληροφορίας εκ των αρμοδίων υπηρεσιών, η σχετική απόφασις ελήφθη κατόπιν μακράς συσκέψεως, εις την οποίαν μετέσχον οι εκπρόσωποι των ενδιαφερομένων φορέων. Ως ανεκοινώθη, αι εργασίαι θα αρχίσουν εντός των προσεχών ημερών και θα περατωθούν μέχρι του τέλους του έτους. Ο κ. υπουργός εδήλωσεν ότι η κυβέρνησις παρακολουθεί μετ' ενδιαφέροντος το ζήτημα και θα λάβη πάντα τα ενδεικνυόμενα μέτρα. Κατά πληροφορίας εκ των αρμοδίων υπηρεσιών, η σχετική απόφασις ελήφθη κατόπιν μακράς συσκέψεως, εις την οποίαν μετέσχον οι εκπρόσωποι των ενδιαφερομένων φορέων. Ως ανεκοινώθη, αι εργασίαι θα αρχίσουν εντός των προσεχών ημερών και θα περατωθούν μέχρι του τέλους του έτους. Ο κ. υπουργός εδήλωσεν ότι η κυβέρνησις παρακολουθεί μετ' ενδιαφέροντος το ζήτημα και θα

ΑΙ ΑΠΟΨΕΙΣ ΤΟΥ ΚΑΘΗΓΗΤΟΥ ΑΓΓΕΛΟΠΟΥΛΟΥ
ΔΙΑ ΤΗΝ ΕΛΛΗΝΙΚΗΝ ΑΞΙΩΣΙΝ
ΠΕΡΙ ΠΛΗΡΩΜΗΣ ΤΩΝ ΔΑΝΕΙΩΝ ΤΗΣ ΚΑΤΟΧΗΣ

ΑΘΗΝΑΙ, 24. — Κατά πληροφορίας εκ των αρμοδίων υπηρεσιών, η σχετική απόφασις ελήφθη κατόπιν μακράς συσκέψεως, εις την οποίαν μετέσχον οι εκπρόσωποι των ενδιαφερομένων φορέων. Ως ανεκοινώθη, αι εργασίαι θα αρχίσουν εντός των προσεχών ημερών και θα περατωθούν μέχρι του τέλους του έτους. Ο κ. υπουργός εδήλωσεν ότι η κυβέρνησις παρακολουθεί μετ' ενδιαφέροντος το ζήτημα και θα λάβη πάντα τα ενδεικνυόμενα μέτρα. Κατά πληροφορίας εκ των αρμοδίων υπηρεσιών, η σχετική απόφασις ελήφθη κατόπιν μακράς συσκέψεως, εις την οποίαν μετέσχον οι εκπρόσωποι των ενδιαφερομένων φορέων. Ως ανεκοινώθη, αι εργασίαι θα αρχίσουν εντός των προσεχών ημερών και θα περατωθούν μέχρι του τέλους του έτους. Ο κ. υπουργός εδήλωσεν ότι η κυβέρνησις παρακολουθεί μετ' ενδιαφέροντος το ζήτημα και θα λάβη πάντα τα ενδεικνυόμενα μέτρα. Κατά πληροφορίας εκ των αρμοδίων υπηρεσιών, η σχετική απόφασις ελήφθη κατόπιν μακράς συσκέψεως, εις την οποίαν μετέσχον οι εκπρόσωποι των ενδιαφερομένων φορέων. Ως ανεκοινώθη, αι εργασίαι θα αρχίσουν εντός των προσεχών ημερών και θα περατωθούν μέχρι του τέλους του έτους. Ο κ. υπουργός εδήλωσεν ότι η κυβέρνησις παρακολουθεί μετ' ενδιαφέροντος το ζήτημα και θα λάβη πάντα τα ενδεικνυόμενα μέτρα. Κατά πληροφορίας εκ των αρμοδίων υπηρεσιών, η σχετική απόφασις ελήφθη κατόπιν μακράς συσκέψεως, εις την οποίαν μετέσχον οι εκπρόσωποι των ενδιαφερομένων φορέων. Ως ανεκοινώθη, αι εργασίαι θα αρχίσουν εντός των προσεχών ημερών και θα περατωθούν μέχρι του τέλους του έτους. Ο κ. υπουργός εδήλωσεν ότι η κυβέρνησις παρακολουθεί μετ' ενδιαφέροντος το ζήτημα και θα λάβη πάντα τα ενδεικνυόμενα μέτρα. Κατά πληροφορίας εκ των αρμοδίων υπηρεσιών, η σχετική απόφασις ελήφθη κατόπιν μακράς συσκέψεως, εις την οποίαν μετέσχον οι εκπρόσωποι των ενδιαφερομένων φορέων. Ως ανεκοινώθη, αι εργασίαι θα αρχίσουν εντός των προσεχών ημερών και θα περατωθούν μέχρι του τέλους του έτους. Ο κ. υπουργός εδήλωσεν ότι η κυβέρνησις παρακολουθεί μετ' ενδιαφέροντος το ζήτημα και θα λάβη πάντα τα ενδεικνυόμενα μέτρα. Κατά πληροφορίας εκ των αρμοδίων υπηρεσιών, η σχετική απόφασις ελήφθη κατόπιν μακράς συσκέψεως, εις την οποίαν μετέσχον οι εκπρόσωποι των ενδιαφερομένων φορέων. Ως ανεκοινώθη, αι εργασίαι θα αρχίσουν εντός των προσεχών ημερών και θα περατωθούν μέχρι του τέλους του έτους. Ο κ. υπουργός εδήλωσεν ότι η κυβέρνησις παρακολουθεί μετ' ενδιαφέροντος το ζήτημα και θα λάβη πάντα τα ενδεικνυόμενα μέτρα. Κατά πληροφορίας εκ των αρμοδίων υπηρεσιών, η σχετική απόφασις ελήφθη κατόπιν μακράς συσκέψεως, εις την οποίαν μετέσχον οι εκπρόσωποι των ενδιαφερομένων φορέων. Ως ανεκοινώθη, αι εργασίαι θα αρχίσουν εντός των προσεχών ημερών και θα περατωθούν μέχρι του τέλους του έτους. Ο κ. υπουργός εδήλωσεν ότι η κυβέρνησις παρακολουθεί μετ' ενδιαφέροντος το ζήτημα και θα λάβη πάντα τα ενδεικνυόμενα μέτρα. Κατά πληροφορίας εκ των αρμοδίων υπηρεσιών, η σχετική απόφασις ελήφθη κατόπιν μακράς συσκέψεως, εις την οποίαν μετέσχον οι εκπρόσωποι των ενδιαφερομένων φορέων. Ως ανεκοινώθη, αι εργασίαι θα αρχίσουν εντός των προσεχών ημερών και θα περατωθούν μέχρι του τέλους του έτους. Ο κ. υπουργός εδήλωσεν ότι η κυβέρνησις παρακολουθεί μετ' ενδιαφέροντος το ζήτημα και θα λάβη πάντα τα ενδεικνυόμενα μέτρα. Κατά πληροφορίας εκ των αρμοδίων υπηρεσιών, η σχετική απόφασις ελήφθη κατόπιν μακράς συσκέψεως, εις την οποίαν μετέσχον οι εκπρόσωποι των ενδιαφερομένων φορέων. Ως ανεκοινώθη, αι εργασίαι θα αρχίσουν εντός των προσεχών ημερών και θα περατωθούν μέχρι του τέλους του έτους. Ο κ. υπουργός εδήλωσεν ότι η κυβέρνησις παρακολουθεί μετ' ενδιαφέροντος το ζήτημα και θα λάβη πάντα τα ενδεικνυόμενα μέτρα. Κατά πληροφορίας εκ των αρμοδίων υπηρεσιών, η σχετική απόφασις ελήφθη κατόπιν μακράς συσκέψεως, εις την οποίαν μετέσχον οι εκπρόσωποι των ενδιαφερομένων φορέων. Ως ανεκοινώθη, αι εργασίαι θα αρχίσουν εντός των προσεχών ημερών και θα περατωθούν μέχρι του τέλους του έτους. Ο κ. υπουργός εδήλωσεν ότι η κυβέρνησις παρακολουθεί μετ' ενδιαφέροντος το ζήτημα και θα λάβη πάντα τα ενδεικνυόμενα μέτρα. Κατά πληροφορίας εκ των αρμοδίων υπηρεσιών, η σχετική απόφασις ελήφθη κατόπιν μακράς συσκέψεως, εις την οποίαν μετέσχον οι εκπρόσωποι των ενδιαφερομένων φορέων. Ως ανεκοινώθη, αι εργασίαι θα αρχίσουν εντός των προσεχών ημερών και θα περατωθούν μέχρι του τέλους του έτους. Ο κ. υπουργός εδήλωσεν ότι η κυβέρνησις παρακολουθεί μετ' ενδιαφέροντος το ζήτημα και θα λάβη πάντα τα ενδεικνυόμενα μέτρα. Κατά πληροφορίας εκ των αρμοδίων υπηρεσιών, η σχετική απόφασις ελήφθη κατόπιν μακράς συσκέψεως, εις την οποίαν μετέσχον οι εκπρόσωποι των ενδιαφερομένων φορέων. Ως ανεκοινώθη, αι εργασίαι θα αρχίσουν εντός των προσεχών ημερών και θα περατωθούν μέχρι του τέλους του έτους. Ο κ. υπουργός εδήλωσεν ότι η κυβέρνησις παρακολουθεί μετ' ενδιαφέροντος το ζήτημα και θα λάβη πάντα τα ενδεικνυόμενα μέτρα. Κατά πληροφορίας εκ των αρμοδίων υπηρεσιών, η σχετική απόφασις ελήφθη κατόπιν μακράς συσκέψεως, εις την οποί

ΚΑΤΑΧΡΗΣΙΣ ΕΙΣ ΒΑΡΟΣ ΤΟΥ ΔΗΜΟΣΙΟΥ
ΑΠΕΚΑΛΥΦΘΗ ΚΑΤΟΠΙΝ ΕΛΕΓΧΟΥ
ΕΙΣ ΤΗΝ ΥΠΟ ΚΑΤΑΣΚΕΥΗΝ ΟΔΟΝ ΗΠΕΙΡΟΥ

ΑΘΗΝΑΙ, 24. — Κατά πληροφορίας εκ των αρμοδίων υπηρεσιών, η σχετική απόφασις ελήφθη κατόπιν μακράς συσκέψεως, εις την οποίαν μετέσχον οι εκπρόσωποι των ενδιαφερομένων φορέων. Ως ανεκοινώθη, αι εργασίαι θα αρχίσουν εντός των προσεχών ημερών και θα περατωθούν μέχρι του τέλους του έτους. Ο κ. υπουργός εδήλωσεν ότι η κυβέρνησις παρακολουθεί μετ' ενδιαφέροντος το ζήτημα και θα λάβη πάντα τα ενδεικνυόμενα μέτρα. Κατά πληροφορίας εκ των αρμοδίων υπηρεσιών, η σχετική απόφασις ελήφθη κατόπιν μακράς συσκέψεως, εις την οποίαν μετέσχον οι εκπρόσωποι των ενδιαφερομένων φορέων. Ως ανεκοινώθη, αι εργασίαι θα αρχίσουν εντός των προσεχών ημερών και θα περατωθούν μέχρι του τέλους του έτους. Ο κ. υπουργός εδήλωσεν ότι η κυβέρνησις παρακολουθεί μετ' ενδιαφέροντος το ζήτημα και θα λάβη πάντα τα ενδεικνυόμενα μέτρα. Κατά πληροφορίας εκ των αρμοδίων υπηρεσιών, η σχετική απόφασις ελήφθη κατόπιν μακράς συσκέψεως, εις την οποίαν μετέσχον οι εκπρόσωποι των ενδιαφερομένων φορέων. Ως ανεκοινώθη, αι εργασίαι θα αρχίσουν εντός των προσεχών ημερών και θα περατωθούν μέχρι του τέλους του έτους. Ο κ. υπουργός εδήλωσεν ότι η κυβέρνησις παρακολουθεί μετ' ενδιαφέροντος το ζήτημα και θα λάβη πάντα τα ενδεικνυόμενα μέτρα. Κατά πληροφορίας εκ των αρμοδίων υπηρεσιών, η σχετική απόφασις ελήφθη κατόπιν μακράς συσκέψεως, εις την οποίαν μετέσχον οι εκπρόσωποι των ενδιαφερομένων φορέων. Ως ανεκοινώθη, αι εργασίαι θα αρχίσουν εντός των προσεχών ημερών και θα περατωθούν μέχρι του τέλους του έτους. Ο κ. υπουργός εδήλωσεν ότι η κυβέρνησις παρακολουθεί μετ' ενδιαφέροντος το ζήτημα και θα λάβη πάντα τα ενδεικνυόμενα μέτρα. Κατά πληροφορίας εκ των αρμοδίων υπηρεσιών, η σχετική απόφασις ελήφθη κατόπιν μακράς συσκέψεως, εις την οποίαν μετέσχον οι εκπρόσωποι των ενδιαφερομένων φορέων. Ως ανεκοινώθη, αι εργασίαι θα αρχίσουν εντός των προσεχών ημερών και θα περατωθούν μέχρι του τέλους του έτους. Ο κ. υπουργός εδήλωσεν ότι η κυβέρνησις παρακολουθεί μετ' ενδιαφέροντος το ζήτημα και θα λάβη πάντα τα ενδεικνυόμενα μέτρα. Κατά πληροφορίας εκ των αρμοδίων υπηρεσιών, η σχετική απόφασις ελήφθη κατόπιν μακράς συσκέψεως, εις την οποίαν μετέσχον οι εκπρόσωποι των ενδιαφερομένων φορέων. Ως ανεκοινώθη, αι εργασίαι θα αρχίσουν εντός των προσεχών ημερών και θα περατωθούν μέχρι του τέλους του έτους. Ο κ. υπουργός εδήλωσεν ότι η κυβέρνησις παρακολουθεί μετ' ενδιαφέροντος το ζήτημα και θα λάβη πάντα τα ενδεικνυόμενα μέτρα. Κατά πληροφορίας εκ των αρμοδίων υπηρεσιών, η σχετική απόφασις ελήφθη κατόπιν μακράς συσκέψεως, εις την οποίαν μετέσχον οι εκπρόσωποι των ενδιαφερομένων φορέων. Ως ανεκοινώθη, αι εργασίαι θα αρχίσουν εντός των προσεχών ημερών και θα περατωθούν μέχρι του τέλους του έτους. Ο κ. υπουργός εδήλωσεν ότι η κυβέρνησις παρακολουθεί

ΜΕΙΩΜΕΝΟΝ ΕΜΦΑΝΙΖΕΤΑΙ ΤΟΝ ΙΟΥΛΙΟΝ
ΤΟ ΚΥΚΛΟΦΟΡΟΥΝ ΧΑΡΤΟΝΟΜΙΣΜΑ
ΕΝΑΝΤΙ ΕΚΕΙΝΟΥ ΤΟΥ ΠΑΡΕΛΘΟΝΤΟΣ ΜΗΝΟΣ

ΑΘΗΝΑΙ, 24. — Κατά πληροφορίας εκ των αρμοδίων υπηρεσιών, η σχετική απόφασις ελήφθη κατόπιν μακράς συσκέψεως, εις την οποίαν μετέσχον οι εκπρόσωποι των ενδιαφερομένων φορέων. Ως ανεκοινώθη, αι εργασίαι θα αρχίσουν εντός των προσεχών ημερών και θα περατωθούν μέχρι του τέλους του έτους. Ο κ. υπουργός εδήλωσεν ότι η κυβέρνησις παρακολουθεί μετ' ενδιαφέροντος το ζήτημα και θα λάβη πάντα τα ενδεικνυόμενα μέτρα. Κατά πληροφορίας εκ των αρμοδίων υπηρεσιών, η σχετική απόφασις ελήφθη κατόπιν μακράς συσκέψεως, εις την οποίαν μετέσχον οι εκπρόσωποι των ενδιαφερομένων φορέων. Ως ανεκοινώθη, αι εργασίαι θα αρχίσουν εντός των προσεχών ημερών και θα περατωθούν μέχρι του τέλους του έτους. Ο κ. υπουργός εδήλωσεν ότι η κυβέρνησις παρακολουθεί μετ' ενδιαφέροντος το ζήτημα και θα λάβη πάντα τα ενδεικνυόμενα μέτρα. Κατά πληροφορίας εκ των αρμοδίων υπηρεσιών, η σχετική απόφασις ελήφθη κατόπιν μακράς συσκέψεως, εις την οποίαν μετέσχον οι εκπρόσωποι των ενδιαφερομένων φορέων. Ως ανεκοινώθη, αι εργασίαι θα αρχίσουν εντός των προσεχών ημερών και θα περατωθούν μέχρι του τέλους του έτους. Ο κ. υπουργός εδήλωσεν ότι η κυβέρνησις παρακολουθεί μετ' ενδιαφέροντος το ζήτημα και θα λάβη πάντα τα ενδεικνυόμενα μέτρα. Κατά πληροφορίας εκ των αρμοδίων υπηρεσιών, η σχετική απόφασις ελήφθη κατόπιν μακράς συσκέψεως, εις την οποίαν μετέσχον οι εκπρόσωποι των ενδιαφερομένων φορέων. Ως ανεκοινώθη, αι εργασίαι θα αρχίσουν εντός των προσεχών ημερών και θα περατωθούν μέχρι του τέλους του έτους. Ο κ. υπουργός εδήλωσεν ότι η κυβέρνησις παρακολουθεί μετ' ενδιαφέροντος το ζήτημα και θα λάβη πάντα τα ενδεικνυόμενα μέτρα. Κατά πληροφορίας εκ των αρμοδίων υπηρεσιών, η σχετική απόφασις ελήφθη κατόπιν μακράς συσκέψεως, εις την οποίαν μετέσχον οι εκπρόσωποι των ενδιαφερομένων φορέων. Ως ανεκοινώθη, αι εργασίαι θα αρχίσουν εντός των προσεχών ημερών και θα περατωθούν μέχρι του τέλους του έτους. Ο κ. υπουργός εδήλωσεν ότι η κυβέρνησις παρακολουθεί μετ' ενδιαφέροντος το ζήτημα και θα λάβη πάντα τα ενδεικνυόμενα μέτρα. Κατά πληροφορίας εκ των αρμοδίων υπηρεσιών, η σχετική απόφασις ελήφθη κατόπιν μακράς συσκέψεως, εις την οποίαν μετέσχον οι εκπρόσωποι των ενδιαφερομένων φορέων. Ως ανεκοινώθη, αι εργασίαι θα αρχίσουν εντός των προσεχών ημερών και θα περατωθούν μέχρι του τέλους του έτους. Ο κ. υπουργός εδήλωσεν ότι η κυβέρνησις παρακολουθεί μετ' ενδιαφέροντος το ζήτημα και θα λάβη πάντα τα ενδεικνυόμενα μέτρα. Κατά πληροφορίας εκ των αρμοδίων υπηρεσιών, η σχετική απόφασις ελήφθη κατόπιν μακράς συσκέψεως, εις την οποίαν μετέσχον οι εκπρόσωποι των ενδιαφερομένων φορέων. Ως ανεκοινώθη, αι εργασίαι θα αρχίσουν εντός των προσεχών ημερών και θα περατωθούν μέχρι του τέλους του έτους. Ο κ. υπουργός εδήλωσεν ότι η κυβέρνησις παρακολουθεί

Η ΣΥΝΘΕΣΙΣ ΤΟΥ ΣΥΣΤΑΘΕΝΤΟΣ ΣΥΜΒΟΥΛΙΟΥ
ΔΙΑ ΤΗΝ ΠΑΡΑΚΟΛΟΥΘΗΣΙΝ ΚΑΙ ΤΟΝ ΕΛΕΓΧΟΝ
ΤΟΥ ΕΡΓΟΣΤΑΣΙΟΥ ΑΖΩΤΟΥ ΠΤΟΛΕΜΑΪΔΟΣ

ΑΘΗΝΑΙ, 24. — Κατά πληροφορίας εκ των αρμοδίων υπηρεσιών, η σχετική απόφασις ελήφθη κατόπιν μακράς συσκέψεως, εις την οποίαν μετέσχον οι εκπρόσωποι των ενδιαφερομένων φορέων. Ως ανεκοινώθη, αι εργασίαι θα αρχίσουν εντός των προσεχών ημερών και θα περατωθούν μέχρι του τέλους του έτους. Ο κ. υπουργός εδήλωσεν ότι η κυβέρνησις παρακολουθεί μετ' ενδιαφέροντος το ζήτημα και θα λάβη πάντα τα ενδεικνυόμενα μέτρα. Κατά πληροφορίας εκ των αρμοδίων υπηρεσιών, η σχετική απόφασις ελήφθη κατόπιν μακράς συσκέψεως, εις την οποίαν μετέσχον οι εκπρόσωποι των ενδιαφερομένων φορέων. Ως ανεκοινώθη, αι εργασίαι θα αρχίσουν εντός των προσεχών ημερών και θα περατωθούν μέχρι του τέλους του έτους. Ο κ. υπουργός εδήλωσεν ότι η κυβέρνησις παρακολουθεί μετ' ενδιαφέροντος το ζήτημα και θα λάβη πάντα τα ενδεικνυόμενα μέτρα. Κατά πληροφορίας εκ των αρμοδίων υπηρεσιών, η σχετική απόφασις ελήφθη κατόπιν μακράς συσκέψεως, εις την οποίαν μετέσχον οι εκπρόσωποι των ενδιαφερομένων φορέων. Ως ανεκοινώθη, αι εργασίαι θα αρχίσουν εντός των προσεχών ημερών και θα περατωθούν μέχρι του τέλους του έτους. Ο κ. υπουργός εδήλωσεν ότι η κυβέρνησις παρακολουθεί μετ' ενδιαφέροντος το ζήτημα και θα λάβη πάντα τα ενδεικνυόμενα μέτρα. Κατά πληροφορίας εκ των αρμοδίων υπηρεσιών, η σχετική απόφασις ελήφθη κατόπιν μακράς συσκέψεως, εις την οποίαν μετέσχον οι εκπρόσωποι των ενδιαφερομένων φορέων. Ως ανεκοινώθη, αι εργασίαι θα αρχίσουν εντός των προσεχών ημερών και θα περατωθούν μέχρι του τέλους του έτους. Ο κ. υπουργός εδήλωσεν ότι η κυβέρνησις παρακολουθεί μετ' ενδιαφέροντος το ζήτημα και θα λάβη πάντα τα ενδεικνυόμενα μέτρα. Κατά πληροφορίας εκ των αρμοδίων υπηρεσιών, η σχετική απόφασις ελήφθη κατόπιν μακράς συσκέψεως, εις την οποίαν μετέσχον οι εκπρόσωποι των ενδιαφερομένων φορέων. Ως ανεκοινώθη, αι εργασίαι θα αρχίσουν εντός των προσεχών ημερών και θα περατωθούν μέχρι του τέλους του έτους. Ο κ. υπουργός εδήλωσεν ότι η κυβέρνησις παρακολουθεί μετ' ενδιαφέροντος το ζήτημα και θα λάβη πάντα τα ενδεικνυόμενα μέτρα. Κατά πληροφορίας εκ των αρμοδίων υπηρεσιών, η σχετική απόφασις ελήφθη κατόπιν μακράς συσκέψεως, εις την οποίαν μετέσχον οι εκπρόσωποι των ενδιαφερομένων φορέων. Ως ανεκοινώθη, αι εργασίαι θα αρχίσουν εντός των προσεχών ημερών και θα περατωθούν μέχρι του τέλους του έτους. Ο κ. υπουργός εδήλωσεν ότι η κυβέρνησις παρακολουθεί μετ' ενδιαφέροντος το ζήτημα και θα λάβη πάντα τα ενδεικνυόμενα μέτρα. Κατά πληροφορίας εκ των αρμοδίων υπηρεσιών, η σχετική απόφασις ελήφθη κατόπιν μακράς συσκέψεως, εις την οποίαν μετέσχον οι εκπρόσωποι των ενδιαφερομένων φορέων. Ως ανεκοινώθη, αι εργασίαι θα αρχίσουν εντός των προσεχών ημερών και θα περατωθούν μέχρι του τέλους του έτους. Ο κ. υπουργός εδήλωσεν ότι η κυβέρνησις παρακολουθεί

Ο Κ. ΜΑΟΥΡΕΡ ΕΠΙΣΚΕΠΤΟΜΕΝΟΣ ΤΟ ΠΑΡΙΣΙ
ΘΑ ΕΠΙΔΙΩΞΗ ΤΗΝ ΣΥΝΑΨΙΝ
ΤΕΧΝΙΚΗΣ ΣΥΜΦΩΝΙΑΣ ΜΕΤΑ ΤΗΣ ΓΑΛΛΙΑΣ

ΒΟΥΚΟΥΡΕΣΤΙ, 24. — Κατά πληροφορίας εκ των αρμοδίων υπηρεσιών, η σχετική απόφασις ελήφθη κατόπιν μακράς συσκέψεως, εις την οποίαν μετέσχον οι εκπρόσωποι των ενδιαφερομένων φορέων. Ως ανεκοινώθη, αι εργασίαι θα αρχίσουν εντός των προσεχών ημερών και θα περατωθούν μέχρι του τέλους του έτους. Ο κ. υπουργός εδήλωσεν ότι η κυβέρνησις παρακολουθεί μετ' ενδιαφέροντος το ζήτημα και θα λάβη πάντα τα ενδεικνυόμενα μέτρα. Κατά πληροφορίας εκ των αρμοδίων υπηρεσιών, η σχετική απόφασις ελήφθη κατόπιν μακράς συσκέψεως, εις την οποίαν μετέσχον οι εκπρόσωποι των ενδιαφερομένων φορέων. Ως ανεκοινώθη, αι εργασίαι θα αρχίσουν εντός των προσεχών ημερών και θα περατωθούν μέχρι του τέλους του έτους. Ο κ. υπουργός εδήλωσεν ότι η κυβέρνησις παρακολουθεί μετ' ενδιαφέροντος το ζήτημα και θα λάβη πάντα τα ενδεικνυόμενα μέτρα. Κατά πληροφορίας εκ των αρμοδίων υπηρεσιών, η σχετική απόφασις ελήφθη κατόπιν μακράς συσκέψεως, εις την οποίαν μετέσχον οι εκπρόσωποι των ενδιαφερομένων φορέων. Ως ανεκοινώθη, αι εργασίαι θα αρχίσουν εντός των προσεχών ημερών και θα περατωθούν μέχρι του τέλους του έτους. Ο κ. υπουργός εδήλωσεν ότι η κυβέρνησις παρακολουθεί μετ' ενδιαφέροντος το ζήτημα και θα λάβη πάντα τα ενδεικνυόμενα μέτρα. Κατά πληροφορίας εκ των αρμοδίων υπηρεσιών, η σχετική απόφασις ελήφθη κατόπιν μακράς συσκέψεως, εις την οποίαν μετέσχον οι εκπρόσωποι των ενδιαφερομένων φορέων. Ως ανεκοινώθη, αι εργασίαι θα αρχίσουν εντός των προσεχών ημερών και θα περατωθούν μέχρι του τέλους του έτους. Ο κ. υπουργός εδήλωσεν ότι η κυβέρνησις παρακολουθεί μετ' ενδιαφέροντος το ζήτημα και θα λάβη πάντα τα ενδεικνυόμενα μέτρα. Κατά πληροφορίας εκ των αρμοδίων υπηρεσιών, η σχετική απόφασις ελήφθη κατόπιν μακράς συσκέψεως, εις την οποίαν μετέσχον οι εκπρόσωποι των ενδιαφερομένων φορέων. Ως ανεκοινώθη, αι εργασίαι θα αρχίσουν εντός των προσεχών ημερών και θα περατωθούν μέχρι του τέλους του έτους. Ο κ. υπουργός εδήλωσεν ότι η κυβέρνησις παρακολουθεί μετ' ενδιαφέροντος το ζήτημα και θα λάβη πάντα τα ενδεικνυόμενα μέτρα. Κατά πληροφορίας εκ των αρμοδίων υπηρεσιών, η σχετική απόφασις ελήφθη κατόπιν μακράς συσκέψεως, εις την οποίαν μετέσχον οι εκπρόσωποι των ενδιαφερομένων φορέων. Ως ανεκοινώθη, αι εργασίαι θα αρχίσουν εντός των προσεχών ημερών και θα περατωθούν μέχρι του τέλους του έτους. Ο κ. υπουργός εδήλωσεν ότι η κυβέρνησις παρακολουθεί μετ' ενδιαφέροντος το ζήτημα και θα λάβη πάντα τα ενδεικνυόμενα μέτρα. Κατά πληροφορίας εκ των αρμοδίων υπηρεσιών, η σχετική απόφασις ελήφθη κατόπιν μακράς συσκέψεως, εις την οποίαν μετέσχον οι εκπρόσωποι των ενδιαφερομένων φορέων. Ως ανεκοινώθη, αι εργασίαι θα αρχίσουν εντός των προσεχών ημερών και θα περατωθούν μέχρι του τέλους του έτους. Ο κ. υπουργός εδήλωσεν ότι η κυβέρνησις παρακολουθεί

ΕΙΣ 2.000.000 ΔΟΛΛΑΡΙΑ ΑΝΑΒΙΒΑΖΕΤΑΙ Η ΑΞΙΑ
ΤΩΝ ΚΛΑΠΕΝΤΩΝ ΕΙΣ ΜΟΝΤΕ ΚΑΡΛΟ ΚΟΣΜΗΜΑΤΩΝ

ΜΟΝΤΕ ΚΑΡΛΟ, 24. — Κατά πληροφορίας εκ των αρμοδίων υπηρεσιών, η σχετική απόφασις ελήφθη κατόπιν μακράς συσκέψεως, εις την οποίαν μετέσχον οι εκπρόσωποι των ενδιαφερομένων φορέων. Ως ανεκοινώθη, αι εργασίαι θα αρχίσουν εντός των προσεχών ημερών και θα περατωθούν μέχρι του τέλους του έτους. Ο κ. υπουργός εδήλωσεν ότι η κυβέρνησις παρακολουθεί μετ' ενδιαφέροντος το ζήτημα και θα λάβη πάντα τα ενδεικνυόμενα μέτρα. Κατά πληροφορίας εκ των αρμοδίων υπηρεσιών, η σχετική απόφασις ελήφθη κατόπιν μακράς συσκέψεως, εις την οποίαν μετέσχον οι εκπρόσωποι των ενδιαφερομένων φορέων. Ως ανεκοινώθη, αι εργασίαι θα αρχίσουν εντός των προσεχών ημερών και θα περατωθούν μέχρι του τέλους του έτους. Ο κ. υπουργός εδήλωσεν ότι η κυβέρνησις παρακολουθεί μετ' ενδιαφέροντος το ζήτημα και θα λάβη πάντα τα ενδεικνυόμενα μέτρα. Κατά πληροφορίας εκ των αρμοδίων υπηρεσιών, η σχετική απόφασις ελήφθη κατόπιν μακράς συσκέψεως, εις την οποίαν μετέσχον οι εκπρόσωποι των ενδιαφερομένων φορέων. Ως ανεκοινώθη, αι εργασίαι θα αρχίσουν εντός των προσεχών ημερών και θα περατωθούν μέχρι του τέλους του έτους. Ο κ. υπουργός εδήλωσεν ότι η κυβέρνησις παρακολουθεί μετ' ενδιαφέροντος το ζήτημα και θα λάβη πάντα τα ενδεικνυόμενα μέτρα. Κατά πληροφορίας εκ των αρμοδίων υπηρεσιών, η σχετική απόφασις ελήφθη κατόπιν μακράς συσκέψεως, εις την οποίαν μετέσχον οι εκπρόσωποι των ενδιαφερομένων φορέων. Ως ανεκοινώθη, αι εργασίαι θα αρχίσουν εντός των προσεχών ημερών και θα περατωθούν μέχρι του τέλους του έτους. Ο κ. υπουργός εδήλωσεν ότι η κυβέρνησις παρακολουθεί μετ' ενδιαφέροντος το ζήτημα και θα λάβη πάντα τα ενδεικνυόμενα μέτρα. Κατά πληροφορίας εκ των αρμοδίων υπηρεσιών, η σχετική απόφασις ελήφθη κατόπιν μακράς συσκέψεως, εις την οποίαν μετέσχον οι εκπρόσωποι των ενδιαφερομένων φορέων. Ως ανεκοινώθη, αι εργασίαι θα αρχίσουν εντός των προσεχ

ΤΟ ΚΟΓΚΡΕΣΣΟΝ ΕΝΕΚΡΙΝΕ
ΤΗΝ ΠΩΛΗΣΙΝ
ΕΙΣ ΤΗΝ ΕΥΡΑΤΟΜ
ΟΥΡΑΝΙΟΥ ΚΑΙ ΠΛΟΥΤΩΝΙΟΥ

ΟΥΑΣΙΓΚΤΩΝ, 24. — Κατά πληροφορίας εκ των αρμοδίων υπηρεσιών, η σχετική απόφασις ελήφθη κατόπιν μακράς συσκέψεως, εις την οποίαν μετέσχον οι εκπρόσωποι των ενδιαφερομένων φορέων. Ως ανεκοινώθη, αι εργασίαι θα αρχίσουν εντός των προσεχών ημερών και θα περατωθούν μέχρι του τέλους του έτους. Ο κ. υπουργός εδήλωσεν ότι η κυβέρνησις παρακολουθεί μετ' ενδιαφέροντος το ζήτημα και θα λάβη πάντα τα ενδεικνυόμενα μέτρα. Κατά πληροφορίας εκ των αρμοδίων υπηρεσιών, η σχετική απόφασις ελήφθη κατόπιν μακράς συσκέψεως, εις την οποίαν μετέσχον οι εκπρόσωποι των ενδιαφερομένων φορέων. Ως ανεκοινώθη, αι εργασίαι θα αρχίσουν εντός των προσεχών ημερών και θα περατωθούν μέχρι του τέλους του έτους. Ο κ. υπουργός εδήλωσεν ότι η κυβέρνησις παρακολουθεί μετ' ενδιαφέροντος το ζήτημα και θα λάβη πάντα τα ενδεικνυόμενα μέτρα. Κατά πληροφορίας εκ των αρμοδίων υπηρεσιών, η σχετική απόφασις ελήφθη κατόπιν μακράς συσκέψεως, εις την οποίαν μετέσχον οι εκπρόσωποι των ενδιαφερομένων φορέων. Ως ανεκοινώθη, αι εργασίαι θα αρχίσουν εντός των προσεχών ημερών και θα περατωθούν μέχρι του τέλους του έτους. Ο κ. υπουργός εδήλωσεν ότι η κυβέρνησις παρακολουθεί μετ' ενδιαφέροντος το ζήτημα και θα λάβη πάντα τα ενδεικνυόμενα μέτρα. Κατά πληροφορίας εκ των αρμοδίων υπηρεσιών, η σχετική απόφασις ελήφθη κατόπιν μακράς συσκέψεως, εις την οποίαν μετέσχον οι εκπρόσωποι των ενδιαφερομένων φορέων. Ως ανεκοινώθη, αι εργασίαι θα αρχίσουν εντός των προσεχών ημερών και θα περατωθούν μέχρι του τέλους του έτους. Ο κ. υπουργός εδήλωσεν ότι η κυβέρνησις παρακολουθεί μετ' ενδιαφέροντος το ζήτημα και θα λάβη πάντα τα ενδεικνυόμενα μέτρα. Κατά πληροφορίας εκ των αρμοδίων υπηρεσιών, η σχετική απόφασις ελήφθη κατόπιν μακράς συσκέψεως, εις την οποίαν μετέσχον οι εκπρόσωποι των ενδιαφερομένων φορέων. Ως ανεκοινώθη, αι εργασίαι θα αρχίσουν εντός των προσεχών ημερών και θα περατωθούν μέχρι του τέλους του έτους. Ο κ. υπουργός εδήλωσεν ότι η κυβέρνησις παρακολουθεί μετ' ενδιαφέροντος το ζήτημα και θα λάβη πάντα τα ενδεικνυόμενα μέτρα. Κατά πληροφορίας εκ των αρμοδίων υπηρεσιών, η σχετική απόφασις ελήφθη κατόπιν μακράς συσκέψεως, εις την οποίαν μετέσχον οι εκπρόσωποι των ενδιαφερομένων φορέων. Ως ανεκοινώθη, αι εργασίαι θα αρχίσουν εντός των προσεχών ημερών και θα περατωθούν μέχρι του τέλους του έτους. Ο κ. υπουργός εδήλωσεν ότι η κυβέρνησις παρακολουθεί μετ' ενδιαφέροντος το ζήτημα και θα

ΤΙΜΑΙ ΚΑΙ ΔΩΡΑ
ΕΙΣ ΕΚΑΤΟΜΜΥΡΙΟΣΤΗΝ
ΕΠΙΒΑΤΙΔΑ
ΑΕΡΟΠΟΡΙΚΗΣ ΕΤΑΙΡΕΙΑΣ

ΜΑΔΡΙΤΗ, 24. — Κατά πληροφορίας εκ των αρμοδίων υπηρεσιών, η σχετική απόφασις ελήφθη κατόπιν μακράς συσκέψεως, εις την οποίαν μετέσχον οι εκπρόσωποι των ενδιαφερομένων φορέων. Ως ανεκοινώθη, αι εργασίαι θα αρχίσουν εντός των προσεχών ημερών και θα περατωθούν μέχρι του τέλους του έτους. Ο κ. υπουργός εδήλωσεν ότι η κυβέρνησις παρακολουθεί μετ' ενδιαφέροντος το ζήτημα και θα λάβη πάντα τα ενδεικνυόμενα μέτρα. Κατά πληροφορίας εκ των αρμοδίων υπηρεσιών, η σχετική απόφασις ελήφθη κατόπιν μακράς συσκέψεως, εις την οποίαν μετέσχον οι εκπρόσωποι των ενδιαφερομένων φορέων. Ως ανεκοινώθη, αι εργασίαι θα αρχίσουν εντός των προσεχών ημερών και θα περατωθούν μέχρι του τέλους του έτους. Ο κ. υπουργός εδήλωσεν ότι η κυβέρνησις παρακολουθεί μετ' ενδιαφέροντος το ζήτημα και θα λάβη πάντα τα ενδεικνυόμενα μέτρα. Κατά πληροφορίας εκ των αρμοδίων υπηρεσιών, η σχετική απόφασις ελήφθη κατόπιν μακράς συσκέψεως, εις την οποίαν μετέσχον οι εκπρόσωποι των ενδιαφερομένων φορέων. Ως ανεκοινώθη, αι εργασίαι θα αρχίσουν εντός των προσεχών ημερών και θα περατωθούν μέχρι του τέλους του έτους. Ο κ. υπουργός εδ

ΟΙ ΤΟΥΡΚΟΙ ΔΙΠΛΩΜΑΤΑΙ
ΘΑ ΝΥΜΦΕΥΩΝΤΑΙ
ΚΑΤΟΠΙΝ ΑΔΕΙΑΣ

ΚΩΝΣΤΑΝΤΙΝΟΥΠΟΛΙΣ, 24. — Κατά πληροφορίας εκ των αρμοδίων υπηρεσιών, η σχετική απόφασις ελήφθη κατόπιν μακράς συσκέψεως, εις την οποίαν μετέσχον οι εκπρόσωποι των ενδιαφερομένων φορέων. Ως ανεκοινώθη, αι εργασίαι θα αρχίσουν εντός των προσεχών ημερών και θα περατωθούν μέχρι του τέλους του έτους. Ο κ. υπουργός εδήλωσεν ότι η κυβέρνησις παρακολουθεί μετ' ενδιαφέροντος το ζήτημα και θα λάβη πάντα τα ενδεικνυόμενα μέτρα. Κατά πληροφορίας εκ των αρμοδίων υπηρεσιών, η σχετική απόφασις ελήφθη κατόπιν μακράς συσκέψεως, εις την οποίαν μετέσχον οι εκπρόσωποι των ενδιαφερομένων φορέων. Ως ανεκοινώθη, αι εργασίαι θα αρχίσουν εντός των προσεχών ημερών και θα περατωθούν μέχρι του τέλους του έτους. Ο κ. υπουργός εδήλωσεν ότι η κυβέρνησις παρακολουθεί μετ' ενδιαφέροντος το ζήτημα και θα λάβη πάντα τα ενδεικνυόμενα μέτρα. Κατά πληροφορίας εκ των αρμοδίων υπηρεσιών, η σχετική απόφασις ελήφθη κατόπιν μακράς συσκέψεως, εις την οποί

ΠΡΩΗΝ ΒΟΥΛΕΥΤΗΣ
ΛΑΘΡΕΜΠΟΡΟΣ
ΝΑΡΚΩΤΙΚΩΝ

ΒΗΡΥΤΟΣ, 24. — Κατά πληροφορίας εκ των αρμοδίων υπηρεσιών, η σχετική απόφασις ελήφθη κατόπιν μακράς συσκέψεως, εις την οποίαν μετέσχον οι εκπρόσωποι των ενδιαφερομένων φορέων. Ως ανεκοινώθη, αι εργασίαι θα αρχίσουν εντός των προσεχών ημερών και θα περατωθούν μέχρι του τέλους του έτους. Ο κ. υπουργός εδήλωσεν ότι η κυβέρνησις παρακολουθεί μετ' ενδιαφέροντος το ζήτημα και θα λάβη πάντα τα ενδεικνυόμενα μέτρα. Κατά πληροφορίας εκ των αρμοδίων υπηρεσιών, η σχετική απόφασις ελήφθη κατόπιν μακράς συσκέψεως, εις την οποίαν μετέσχον οι εκπρόσωποι των ενδιαφερομένων φορέων. Ως ανεκοινώθη, αι εργασίαι θα αρχίσουν εντός των προσεχών ημερών και θα περατωθούν μέχρι του τέλους του έτους. Ο κ. υπουργός εδήλωσεν ότι η κυβέρνησις παρακολουθεί μετ' ενδιαφέροντος το ζήτημα και θα λάβη πάντα τα ενδεικνυόμενα μέτρα. Κατά πληροφορίας εκ των αρμοδίων υπηρεσιών, η σχετική απόφασις ελήφθη κατόπιν μακράς συσκέψεως, εις την οποί

ΜΟΡΦΩΤΙΚΑΙ ΑΝΤΑΛΛΑΓΑΙ
ΜΕΤΑΞΥ ΡΩΣΩΝ
ΚΑΙ ΗΝΩΜ. ΠΟΛΙΤΕΙΩΝ

ΛΕΝΙΝΓΚΡΑΝΤ, 24. — Κατά πληροφορίας εκ των αρμοδίων υπηρεσιών, η σχετική απόφασις ελήφθη κατόπιν μακράς συσκέψεως, εις την οποίαν μετέσχον οι εκπρόσωποι των ενδιαφερομένων φορέων. Ως ανεκοινώθη, αι εργασίαι θα αρχίσουν εντός των προσεχών ημερών και θα περατωθούν μέχρι του τέλους του έτους. Ο κ. υπουργός εδήλωσεν ότι η κυβέρνησις παρακολουθεί μετ' ενδιαφέροντος το ζήτημα και θα λάβη πάντα τα ενδεικνυόμενα μέτρα. Κατά πληροφορίας εκ των αρμοδίων υπηρεσιών, η σχετική απόφασις ελήφθη κατόπιν μακράς συσκέψεως, εις την οποίαν μετέσχον οι εκπρόσωποι των ενδιαφερομένων φορέων. Ως ανεκοινώθη, αι εργασίαι θα αρχίσουν εντός των προσεχών ημερών και θα περατωθούν μέχρι του τέλους του έτους. Ο κ. υπουργός εδήλωσεν ότι η κυβέρνησις παρακολουθεί μετ' ενδιαφέροντος το ζήτημα και θα λάβη πάντα τα ενδεικνυόμενα μέτρα. Κατά πληροφορίας εκ των αρμοδίων υπηρεσιών, η σχετική απόφασις ελήφθη κατόπιν μακράς συσκέψεως, εις την οποίαν μετέσχον οι εκπρόσωποι των ενδιαφερομένων φορέων. Ως ανεκοινώθη, αι εργασίαι θα αρχίσουν εντός των προσεχών ημερών και θα περατωθούν μέχρι του τέλους του έτους. Ο κ. υπουργός εδ

ΟΙ ΡΩΣΣΟΙ ΣΥΝΙΣΤΟΥΝ
ΑΠΟΧΩΡΗΣΙΝ
ΤΗΝ ΑΓΓΛΩΝ ΕΚ ΑΝΤΕΝ

ΜΟΣΧΑ, 24. — Κατά πληροφορίας εκ των αρμοδίων υπηρεσιών, η σχετική απόφασις ελήφθη κατόπιν μακράς συσκέψεως, εις την οποίαν μετέσχον οι εκπρόσωποι των ενδιαφερομένων φορέων. Ως ανεκοινώθη, αι εργασίαι θα αρχίσουν εντός των προσεχών ημερών και θα περατωθούν μέχρι του τέλους του έτους. Ο κ. υπουργός εδήλωσεν ότι η κυβέρνησις παρακολουθεί μετ' ενδιαφέροντος το ζήτημα και θα λάβη πάντα τα ενδεικνυόμενα μέτρα. Κατά πληροφορίας εκ των αρμοδίων υπηρεσιών, η σχετική απόφασις ελήφθη κατόπιν μακράς συσκέψεως, εις την οποίαν μετέσχον οι εκπρόσωποι των ενδιαφερομένων φορέων. Ως ανεκοινώθη, αι εργασίαι θα αρχίσουν εντός των προσεχών ημερών και θα περατωθούν μέχρι του τέλους του έτους. Ο κ. υπουργός εδήλωσεν ότι η κυβέρνησις παρακολουθεί μετ' ενδιαφέροντος το ζήτημα και θα λάβη πάντα τα ενδεικνυόμενα μέτρα. Κατά πληροφορίας εκ των αρμοδίων υπηρεσιών, η σχετική απόφασις ελήφθη κατόπιν μακράς συσκέψεως, εις την οποί

ΤΟ «ΟΛΥΜΠΙΑ» ΔΙΕΣΩΣΕ
ΑΣΘΕΝΗΣΑΝΤΑ ΑΛΙΕΙΑΣ
ΙΣΠΑΝΟΝ ΑΛΙΕΑ

ΝΕΑ ΥΟΡΚΗ, 24. — Κατά πληροφορίας εκ των αρμοδίων υπηρεσιών, η σχετική απόφασις ελήφθη κατόπιν μακράς συσκέψεως, εις την οποίαν μετέσχον οι εκπρόσωποι των ενδιαφερομένων φορέων. Ως ανεκοινώθη, αι εργασίαι θα αρχίσουν εντός των προσεχών ημερών και θα περατωθούν μέχρι του τέλους του έτους. Ο κ. υπουργός εδήλωσεν ότι η κυβέρνησις παρακολουθεί μετ' ενδιαφέροντος το ζήτημα και θα λάβη πάντα τα ενδεικνυόμενα μέτρα. Κατά πληροφορίας εκ των αρμοδίων υπηρεσιών, η σχετική απόφασις ελήφθη κατόπιν μακράς συσκέψεως, εις την οποίαν μετέσχον οι εκπρόσωποι των ενδιαφερομένων φορέων. Ως ανεκοινώθη, αι εργασίαι θα αρχίσουν εντός των προσεχών ημερών και θα περατωθούν μέχρι του τέλους του έτους. Ο κ. υπουργός εδήλωσεν ότι η κυβέρνησις παρακολουθεί μετ' ενδιαφέροντος το ζήτημα και θα λάβη πάντα τα ενδεικνυόμενα μέτρα. Κατά πληροφορίας εκ των αρμοδίων υπηρεσιών, η σχετική απόφασις ελήφθη κατόπιν μακράς συσκέψεως, εις την οποίαν μετέσχον οι εκπρόσωποι των ενδιαφερομένων φορέων. Ως ανεκοινώθη, αι εργασίαι θα αρχίσουν εντός των προσεχών ημερών και θα περατωθούν μέχρι του τέλους του έτους. Ο κ. υπουργός εδ

Η ΓΕΡΜΑΝΙΚΗ
ΜΕΙΟΝΟΤΗΣ
ΤΗΣ ΠΟΛΩΝΙΑΣ

ΒΑΡΣΟΒΙΑ, 24. — Κατά πληροφορίας εκ των αρμοδίων υπηρεσιών, η σχετική απόφασις ελήφθη κατόπιν μακράς συσκέψεως, εις την οποίαν μετέσχον οι εκπρόσωποι των ενδιαφερομένων φορέων. Ως ανεκοινώθη, αι εργασίαι θα αρχίσουν εντός των προσεχών ημερών και θα περατωθούν μέχρι του τέλους του έτους. Ο κ. υπουργός εδήλωσεν ότι η κυβέρνησις παρακολουθεί μετ' ενδιαφέροντος το ζήτημα και θα λάβη πάντα τα ενδεικνυόμενα μέτρα. Κατά πληροφορίας εκ των αρμοδίων υπηρεσιών, η σχετική απόφασις ελήφθη κατόπιν μακράς συσκέψεως, εις την οποίαν μετέσχον οι εκπρόσωποι των ενδιαφερομένων φορέων. Ως ανεκοινώθη, αι εργασίαι θα αρχίσουν εντός των προσεχών ημερών και θα περατωθούν μέχρι του τέλους του έτους. Ο κ. υπουργός εδήλωσεν ότι η κυβέρνησις παρακολουθεί μετ' ενδιαφέροντος το ζήτημα και θα λάβη πάντα τα ενδεικνυόμενα μέτρα. Κατά πληροφορίας εκ των αρμοδίων υπηρεσιών, η σχετική απόφασις ελήφθη κατόπιν μακράς συσκέψεως, εις την οποίαν μετέσχον οι εκπρόσωποι των ενδιαφερομένων φορέων. Ως ανεκοινώθη, αι εργασίαι θα αρχίσουν εντός των προσεχών ημερών και θα περατωθούν μέχρι του τέλους του έτους. Ο κ. υπουργός εδήλωσεν ότι η κυβέρνησις παρακολουθεί μετ' ενδιαφέροντος το ζήτημα και θα λάβη πάντα τα ενδεικνυόμενα μέτρα. Κατά πληροφορίας εκ των αρμοδίων υπηρεσιών, η σχετική απόφασις ελήφθη κατόπιν μακράς συσκέψεως, εις την οποίαν μετέσχον οι εκπρόσωποι των ενδιαφερομένων φορέων. Ως ανεκοινώθη, αι εργασίαι θα αρχίσουν εντός των προσεχών ημερών και θα περατωθούν μέχρι του τέλους του έτους. Ο κ. υπουργός εδήλωσεν ότι η κυβέρνησις παρακολουθεί μετ' ενδιαφέροντος το ζήτημα και θα λάβη πάντα τα ενδεικνυόμενα μέτρα. Κατά πληροφορίας εκ των αρμοδίων υπη

Ο Κ. ΑΡΑΟΥΖΟ ΚΑΣΤΡΟ
ΠΡΕΣΒΥΣ ΤΗΣ ΒΡΑΖΙΛΙΑΣ
ΕΙΣ ΤΗΝ ΕΛΛΑΔΑ

ΒΡΑΖΙΛΙΑ, 24. — Κατά πληροφορίας εκ των αρμοδίων υπηρεσιών, η σχετική απόφασις ελήφθη κατόπιν μακράς συσκέψεως, εις την οποίαν μετέσχον οι εκπρόσωποι των ενδιαφερομένων φορέων. Ως ανεκοινώθη, αι εργασίαι θα αρχίσουν εντός των προσεχών ημερών και θα περατωθούν μέχρι του τέλους του έτους. Ο κ. υπουργός εδήλωσεν ότι η κυβέρνησις παρακολουθεί μετ' ενδιαφέροντος το ζήτημα και θα λάβη πάντα τα ενδεικνυόμενα μέτρα. Κατά πληροφορίας εκ των αρμοδίων υπηρεσιών, η σχετική απόφασις ελήφθη κατόπιν μακράς συσκέψεως, εις την οποίαν μετέσχον οι εκπρόσωποι των ενδιαφερομένων φορέων. Ως ανεκοινώθη, αι εργασίαι θα αρχίσουν εντός των προσεχών ημερών και θα περατωθούν μέχρι του τέλους του έτους. Ο κ. υπουργός εδήλωσεν ότι η κυβέρνησις παρακολουθεί μετ' ενδιαφέροντος το ζήτημα και θα λάβη πάντα τα ενδεικνυόμενα μέτρα. Κατά πληροφορίας εκ των αρμοδίων υπηρεσιών, η σχετική απόφασις ελήφθη κατόπιν μακράς συσκέψεως, εις την οποίαν μετέσχον οι εκπρόσωποι των ενδιαφερομένων φορέων. Ως ανεκοινώθη, αι εργασίαι θα αρχίσουν εντός των προσεχών ημερών και θα περατωθούν μέχρι του τέλους του έτους. Ο κ. υπουργός εδ

ΡΩΣΣΙΚΗ ΑΠΟΣΤΟΛΗ
ΕΙΣ ΤΗΝ ΙΑΠΩΝΙΑΝ

ΤΟΚΙΟ, 24. — Κατά πληροφορίας εκ των αρμοδίων υπηρεσιών, η σχετική απόφασις ελήφθη κατόπιν μακράς συσκέψεως, εις την οποίαν μετέσχον οι εκπρόσωποι των ενδιαφερομένων φορέων. Ως ανεκοινώθη, αι εργασίαι θα αρχίσουν εντός των προσεχών ημερών και θα περατωθούν μέχρι του τέλους του έτους. Ο κ. υπουργός εδήλωσεν ότι η κυβέρνησις παρακολουθεί μετ' ενδιαφέροντος το ζήτημα και θα λάβη πάντα τα ενδεικνυόμενα μέτρα. Κατά πληροφορίας εκ των αρμοδίων υπηρεσιών, η σχετική απόφασις ελήφθη κατόπιν μακράς συσκέψεως, εις την οποίαν μετέσχον οι εκπρόσωποι των ενδιαφερομένων φορέων. Ως ανεκοινώθη, αι εργασίαι θα αρχίσουν εντός των προσεχών ημερών και θα περατωθούν μέχρι του τέλους του έτους. Ο κ. υπουργός εδήλωσεν ότι η κυβέρνησις παρακολουθεί μετ' ενδιαφέροντος το ζήτημα και θα λάβη πάντα τα ενδεικνυόμενα μέτρα. Κατά πληροφορίας εκ των αρμοδίων υπηρεσιών, η σχετική απόφασις ελήφθη κατόπιν μακράς συσκέψεως, εις την οποίαν μετέσχον οι εκπρόσωποι των ενδιαφερομένων φορέων. Ως ανεκοινώθη, αι εργασίαι θα αρχίσουν εντός των προσεχών ημερών και θα περατωθούν μέχρι του τέλους του έτους. Ο κ. υπουργός εδ

ΤΟ ΙΡΑΚ ΔΕΝ ΘΑ ΘΡΗΝΗ
ΕΙΣ ΝΕΑΣ ΣΥΝΕΝΝΟΗΣΕΙΣ

ΒΑΓΔΑΤΗ, 24. — Κατά πληροφορίας εκ των αρμοδίων υπηρεσιών, η σχετική απόφασις ελήφθη κατόπιν μακράς συσκέψεως, εις την οποίαν μετέσχον οι εκπρόσωποι των ενδιαφερομένων φορέων. Ως ανεκοινώθη, αι εργασίαι θα αρχίσουν εντός των προσεχών ημερών και θα περατωθούν μέχρι του τέλους του έτους. Ο κ. υπουργός εδήλωσεν ότι η κυβέρνησις παρακολουθεί μετ' ενδιαφέροντος το ζήτημα και θα λάβη πάντα τα ενδεικνυόμενα μέτρα. Κατά πληροφορίας εκ των αρμοδίων υπηρεσιών, η σχετική απόφασις ελήφθη κατόπιν μακράς συσκέψεως, εις την οποίαν μετέσχον οι εκπρόσωποι των ενδιαφερομένων φορέων. Ως ανεκοινώθη, αι εργασίαι θα αρχίσουν εντός των προσεχών ημερών και θα περατωθούν μέχρι του τέλους του έτους. Ο κ. υπουργός εδήλωσεν ότι η κυβέρνησις παρακολουθεί μετ' ενδιαφέροντος το ζήτημα και θα λάβη πάντα τα ενδεικνυόμενα μέτρα. Κατά πληροφορίας εκ των αρμοδίων υπηρεσιών, η σχετική απόφασις ελήφθη κατόπιν μακράς συσκέψεως, εις την οποίαν μετέσχον οι εκπρόσωποι των ενδιαφερομένων φορέων. Ως ανεκοινώθη, αι εργασίαι θα αρχίσουν εντός των προσεχών ημερών και θα περατωθούν μέχρι του τέλους του έτους. Ο κ. υπουργός εδήλωσεν ότι η κυβέρνησις παρακολουθεί μετ' ενδιαφέροντος το ζήτημα και θα λάβη πάντα τα ενδεικνυόμενα μέτρα. Κατά πληροφορίας εκ των αρμοδίων υπηρεσιών, η σχετική απόφασις ελήφθη κα

Ο ΤΙΤΟ ΕΔΕΧΘΗ
ΤΟΝ ΡΩΣΣΟΝ ΠΡΕΣΒΥΝ

ΒΕΛΙΓΡΑΔΙΟΝ, 24. — Κατά πληροφορίας εκ των αρμοδίων υπηρεσιών, η σχετική απόφασις ελήφθη κατόπιν μακράς συσκέψεως, εις την οποίαν μετέσχον οι εκπρόσωποι των ενδιαφερομένων φορέων. Ως ανεκοινώθη, αι εργασίαι θα αρχίσουν εντός των προσεχών ημερών και θα περατωθούν μέχρι του τέλους του έτους. Ο κ. υπουργός εδήλωσεν ότι η κυβέρνησις παρακολουθεί μετ' ενδιαφέροντος το ζήτημα και θα λάβη πάντα τα ενδεικνυόμενα μέτρα. Κατά πληροφορίας εκ των αρμοδίων υπηρεσιών, η σχετική απόφασις ελήφθη κατόπιν μακράς συσκέψεως, εις την οποίαν μετέσχον οι εκπρόσωποι των ενδιαφερομένων φορέων. Ως ανεκοινώθη, αι εργασίαι θα αρχίσουν εντός των προσεχών ημερών και θα περατωθούν μέχρι του τέλους του έτους. Ο κ. υπουργός εδήλωσεν ότι η κυβέρνησις παρακολουθεί μετ' ενδιαφέροντος το ζήτημα και θα λάβη πάντα τα ενδεικνυόμενα μέτρα. Κατά πληροφορίας εκ των αρμοδίων υπηρεσιών, η σχετική απόφασις ελήφθη κατόπιν μακράς συσκέψεως, εις την οποίαν μετέσχον οι εκπρόσωποι των ενδιαφερομένων φορέων. Ως ανεκοινώθη, αι εργασίαι θα αρχίσουν εντός των προσεχών ημερών και θα περατωθούν μέχρι του τέλους του έτους. Ο κ. υπουργός εδήλωσεν ότι η κυβέρνησις παρακολουθεί μετ' ενδιαφέροντος το ζήτημα και θα λάβη πάντα τα ενδεικνυόμενα μέτρα. Κατά πληροφορίας εκ των αρμοδίων υπηρεσιών, η σχετική απόφασις ελήφθη κατόπιν μακράς συσκέψεως, εις την οποίαν μετέσχον οι εκπρόσωποι των ενδιαφερομένων φορέων. Ως ανεκοινώθη, αι εργασίαι θα αρχίσουν εντός των προσεχών ημερών και θα περατωθούν μέχρι το

ΤΟ Κ.Κ. ΙΝΔΙΩΝ ΕΠΙΣΤΡΑΤΕΥΕΙ ΤΟΥΣ ΟΠΑΔΟΥΣ ΤΟΥ
ΔΙΑ ΤΗΝ ΟΡΓΑΝΩΣΙΝ ΠΟΡΕΙΩΝ ΔΙΑΜΑΡΤΥΡΙΑΣ
ΛΟΓΩ ΤΗΣ ΣΗΜΕΙΩΘΕΙΣΗΣ ΕΛΛΕΙΨΕΩΣ ΤΡΟΦΙΜΩΝ

ΝΕΟΝ ΔΕΛΧΙ, 24. — Κατά πληροφορίας εκ των αρμοδίων υπηρεσιών, η σχετική απόφασις ελήφθη κατόπιν μακράς συσκέψεως, εις την οποίαν μετέσχον οι εκπρόσωποι των ενδιαφερομένων φορέων. Ως ανεκοινώθη, αι εργασίαι θα αρχίσουν εντός των προσεχών ημερών και θα περατωθούν μέχρι του τέλους του έτους. Ο κ. υπουργός εδήλωσεν ότι η κυβέρνησις παρακολουθεί μετ' ενδιαφέροντος το ζήτημα και θα λάβη πάντα τα ενδεικνυόμενα μέτρα. Κατά πληροφορίας εκ των αρμοδίων υπηρεσιών, η σχετική απόφασις ελήφθη κατόπιν μακράς συσκέψεως, εις την οποίαν μετέσχον οι εκπρόσωποι των ενδιαφερομένων φορέων. Ως ανεκοινώθη, αι εργασίαι θα αρχίσουν εντός των προσεχών ημερών και θα περατωθούν μέχρι του τέλους του έτους. Ο κ. υπουργός εδήλωσεν ότι η κυβέρνησις παρακολουθεί μετ' ενδιαφέροντος το ζήτημα και θα λάβη πάντα τα ενδεικνυόμενα μέτρα. Κατά πληροφορίας εκ των αρμοδίων υπηρεσιών, η σχετική απόφασις ελήφθη κατόπιν μακράς συσκέψεως, εις την οποίαν μετέσχον οι εκπρόσωποι των ενδιαφερομένων φορέων. Ως ανεκοινώθη, αι εργασίαι θα αρχίσουν εντός των προσεχών ημερών και θα περατωθούν μέχρι του τέλους του έτους. Ο κ. υπουργός εδήλωσεν ότι η κυβέρνησις παρακολουθεί μετ' ενδιαφέροντος το ζήτημα και θα λάβη πάντα τα ενδεικνυόμενα μέτρα. Κατά πληροφορίας εκ των αρμοδίων υπηρεσιών, η σχετική απόφασις ελήφθη κα

ΑΝΕΒΛΗΘΗ Η ΑΠΕΡΓΙΑ ΤΩΝ ΑΓΓΛΩΝ ΤΑΧΥΔΡΟΜΙΚΩΝ
ΚΑΙ ΘΑ ΣΥΝΕΧΙΣΘΟΥΝ ΑΙ ΣΥΝΟΜΙΛΙΑΙ
ΠΡΟΣ ΟΡΙΣΤΙΚΗΝ ΔΙΕΥΘΕΤΗΣΙΝ ΤΩΝ ΔΙΑΦΟΡΩΝ

ΛΟΝΔΙΝΟΝ, 24. — Κατά πληροφορίας εκ των αρμοδίων υπηρεσιών, η σχετική απόφασις ελήφθη κατόπιν μακράς συσκέψεως, εις την οποίαν μετέσχον οι εκπρόσωποι των ενδιαφερομένων φορέων. Ως ανεκοινώθη, αι εργασίαι θα αρχίσουν εντός των προσεχών ημερών και θα περατωθούν μέχρι του τέλους του έτους. Ο κ. υπουργός εδήλωσεν ότι η κυβέρνησις παρακολουθεί μετ' ενδιαφέροντος το ζήτημα και θα λάβη πάντα τα ενδεικνυόμενα μέτρα. Κατά πληροφορίας εκ των αρμοδίων υπηρεσιών, η σχετική απόφασις ελήφθη κατόπιν μακράς συσκέψεως, εις την οποίαν μετέσχον οι εκπρόσωποι των ενδιαφερομένων φορέων. Ως ανεκοινώθη, αι εργασίαι θα αρχίσουν εντός των προσεχών ημερών και θα περατωθούν μέχρι του τέλους του έτους. Ο κ. υπουργός εδήλωσεν ότι η κυβέρνησις παρακολουθεί μετ' ενδιαφέροντος το ζήτημα και θα λάβη πάντα τα ενδεικνυόμενα μέτρα. Κατά πληροφορίας εκ των αρμοδίων υπηρεσιών, η σχετική απόφασις ελήφθη κατόπιν μακράς συσκέψεως, εις την οποίαν μετέσχον οι εκπρόσωποι των ενδιαφερομένων φορέων. Ως ανεκοινώθη, αι εργασίαι θα αρχίσουν εντός των προσεχών ημερών και θα περατωθούν μέχρι του τέλους του έτους. Ο κ. υπουργός εδήλωσεν ότι η κυβέρνησις παρακολουθεί μετ' ενδιαφέροντος το ζήτημα και θα λάβη πάντα τα ενδεικνυόμενα μέτρα. Κατά πληροφορίας εκ των αρμοδίων υπηρεσιών, η σχετική απόφασις ελήφθη κα

ΟΙ ΔΙΔΑΣΚΑΛΟΙ ΔΙΑΜΑΡΤΥΡΟΝΤΑΙ
ΔΙΑ ΤΑΣ ΔΗΛΩΣΕΙΣ
ΤΟΥ ΑΡΧΗΓΟΥ ΤΗΣ Ε.Ρ.Ε.

ΑΘΗΝΑΙ, 24. — Κατά πληροφορίας εκ των αρμοδίων υπηρεσιών, η σχετική απόφασις ελήφθη κατόπιν μακράς συσκέψεως, εις την οποίαν μετέσχον οι εκπρόσωποι των ενδιαφερομένων φορέων. Ως ανεκοινώθη, αι εργασίαι θα αρχίσουν εντός των προσεχών ημερών και θα περατωθούν μέχρι του τέλους του έτους. Ο κ. υπουργός εδήλωσεν ότι η κυβέρνησις παρακολουθεί μετ' ενδιαφέροντος το ζήτημα και θα λάβη πάντα τα ενδεικνυόμενα μέτρα. Κατά πληροφορίας εκ των αρμοδίων υπηρεσιών, η σχετική απόφασις ελήφθη κατόπιν μακράς συσκέψεως, εις την οποίαν μετέσχον οι εκπρόσωποι των ενδιαφερομένων φορέων. Ως ανεκοινώθη, αι εργασίαι θα αρχίσουν εντός των προσεχών ημερών και θα περατωθούν μέχρι του τέλους του έτους. Ο κ. υπουργός εδήλωσεν ότι η κυβέρνησις παρακολουθεί μετ' ενδιαφέροντος το ζήτημα και θα λάβη πάντα τα ενδεικνυόμενα μέτρα. Κατά πληροφορίας εκ των αρμοδίων υπηρεσιών, η σχετική απόφασις ελήφθη κατόπιν μακράς συσκέψεως, εις την οποίαν μετέσχον οι εκπρόσωποι των ενδιαφερομένων φορέων. Ως ανεκοινώθη, αι εργασίαι θα αρχίσουν εντός των προσεχών ημερών και θα περατωθούν μέχρι του τέλους του έτους. Ο κ. υπουργός εδ

Ο ΜΟΣΛΕΫ ΕΠΙΔΙΩΚΕΙ
ΙΔΡΥΣΙΝ ΕΥΡΩΠΑΪΚΟΥ
ΝΑΖΙΣΤΙΚΟΥ ΚΟΜΜΑΤΟΣ

ΜΙΛΑΝΟΝ, 24. — Κατά πληροφορίας εκ των αρμοδίων υπηρεσιών, η σχετική απόφασις ελήφθη κατόπιν μακράς συσκέψεως, εις την οποίαν μετέσχον οι εκπρόσωποι των ενδιαφερομένων φορέων. Ως ανεκοινώθη, αι εργασίαι θα αρχίσουν εντός των προσεχών ημερών και θα περατωθούν μέχρι του τέλους του έτους. Ο κ. υπουργός εδήλωσεν ότι η κυβέρνησις παρακολουθεί μετ' ενδιαφέροντος το ζήτημα και θα λάβη πάντα τα ενδεικνυόμενα μέτρα. Κατά πληροφορίας εκ των αρμοδίων υπηρεσιών, η σχετική απόφασις ελήφθη κατόπιν μακράς συσκέψεως, εις την οποίαν μετέσχον οι εκπρόσωποι των ενδιαφερομένων φορέων. Ως ανεκοινώθη, αι εργασίαι θα αρχίσουν εντός των προσεχών ημερών και θα περατωθούν μέχρι του τέλους του έτους. Ο κ. υπουργός εδήλωσεν ότι η κυβέρνησις παρακολουθεί

ΔΕΚΑΟΚΤΑΜΕΡΗΣ ΔΙΑΣΚΕΨΙΣ ΕΙΣ ΟΥΑΣΙΓΚΤΩΝ
ΑΠΕΦΑΣΙΣΕ ΤΗΝ ΕΓΚΑΘΙΔΡΥΣΙΝ
ΔΙΚΤΥΟΥ ΤΗΛΕΠΙΚΟΙΝΩΝΙΑΚΩΝ ΔΟΡΥΦΟΡΩΝ

ΟΥΑΣΙΓΚΤΩΝ, 24. — Κατά πληροφορίας εκ των αρμοδίων υπηρεσιών, η σχετική απόφασις ελήφθη κατόπιν μακράς συσκέψεως, εις την οποίαν μετέσχον οι εκπρόσωποι των ενδιαφερομένων φορέων. Ως ανεκοινώθη, αι εργασίαι θα αρχίσουν εντός των προσεχών ημερών και θα περατωθούν μέχρι του τέλους του έτους. Ο κ. υπουργός εδήλωσεν ότι η κυβέρνησις παρακολουθεί μετ' ενδιαφέροντος το ζήτημα και θα λάβη πάντα τα ενδεικνυόμενα μέτρα. Κατά πληροφορίας εκ των αρμοδίων υπηρεσιών, η σχετική απόφασις ελήφθη κατόπιν μακράς συσκέψεως, εις την οποίαν μετέσχον οι εκπρόσωποι των ενδιαφερομένων φορέων. Ως ανεκοινώθη, αι εργασίαι θα αρχίσουν εντός των προσεχών ημερών και θα περατωθούν μέχρι του τέλους του έτους. Ο κ. υπουργός εδήλωσεν ότι η κυβέρνησις παρακολουθεί μετ' ενδιαφέροντος το ζήτημα και θα λάβη πάντα τα ενδεικνυόμενα μέτρα. Κατά πληροφορίας εκ των αρμοδίων υπηρεσιών, η σχετική απόφασις ελήφθη κατόπιν μακράς συσκέψεως, εις την οποίαν μετέσχον οι εκπρόσωποι των ενδιαφερομένων φορέων. Ως ανεκοινώθη, αι εργασίαι θα αρχίσουν εντός των προσεχών ημερών και θα περατωθούν μέχρι του τέλους του έτους. Ο κ. υπουργός εδήλωσεν ότι η κυβέρνησις παρακολουθεί μετ' ενδιαφέροντος το ζήτημα και θα λάβη πάντα τα ενδεικνυόμενα μέτρα. Κατά πληροφορίας εκ των αρμοδίων υπηρεσιών, η σχετική απόφασις ελήφθη κα

ΕΙΚΟΣΙ ΔΥΟ ΑΤΟΜΑ ΕΤΡΑΥΜΑΤΙΣΘΗΣΑΝ ΒΑΡΕΩΣ
ΕΙΣ ΣΤΑΘΜΟΝ ΤΟΥ ΓΙΟΧΑΝΝΕΣΜΠΟΥΡΓΚ
ΣΥΝΕΠΕΙΑ ΣΦΟΔΡΟΤΑΤΗΣ ΕΚΡΗΞΕΩΣ ΒΟΜΒΑΣ

ΓΙΟΧΑΝΝΕΣΜΠΟΥΡΓΚ, 24. — Κατά πληροφορίας εκ των αρμοδίων υπηρεσιών, η σχετική απόφασις ελήφθη κατόπιν μακράς συσκέψεως, εις την οποίαν μετέσχον οι εκπρόσωποι των ενδιαφερομένων φορέων. Ως ανεκοινώθη, αι εργασίαι θα αρχίσουν εντός των προσεχών ημερών και θα περατωθούν μέχρι του τέλους του έτους. Ο κ. υπουργός εδήλωσεν ότι η κυβέρνησις παρακολουθεί μετ' ενδιαφέροντος το ζήτημα και θα λάβη πάντα τα ενδεικνυόμενα μέτρα. Κατά πληροφορίας εκ των αρμοδίων υπηρεσιών, η σχετική απόφασις ελήφθη κατόπιν μακράς συσκέψεως, εις την οποίαν μετέσχον οι εκπρόσωποι των ενδιαφερομένων φορέων. Ως ανεκοινώθη, αι εργασίαι θα αρχίσουν εντός των προσεχών ημερών και θα περατωθούν μέχρι του τέλους του έτους. Ο κ. υπουργός εδήλωσεν ότι η κυβέρνησις παρακολουθεί μετ' ενδιαφέροντος το ζήτημα και θα λάβη πάντα τα ενδεικνυόμενα μέτρα. Κατά πληροφορίας εκ των αρμοδίων υπηρεσιών, η σχετική απόφασις ελήφθη κατόπιν μακράς συσκέψεως, εις την οποίαν μετέσχον οι εκπρόσωποι των ενδιαφερομένων φορέων. Ως ανεκοινώθη, αι εργασίαι θα αρχίσουν εντός των προσεχών ημερών και θα περατωθούν μέχρι του τέλους του έτους. Ο κ. υπουργός εδήλωσεν ότι η κυβέρνησις παρακολουθεί μετ' ενδιαφέροντος το ζήτημα και θα λάβη πάντα τα ενδεικνυόμενα μέτρα. Κατά πληροφορίας εκ των αρμοδίων υπηρεσιών, η σχετική απόφασις ελήφθη κατόπιν μακράς συσκέψεως, εις την οποίαν μετέσχον οι εκπρόσωποι των ενδιαφερομένων φορέων. Ως ανεκοινώθη, αι εργασίαι θα αρχίσουν εντός των προσεχών ημερών και θα περατωθούν μέχρι του τέλους του έτους. Ο κ. υπουργός εδήλωσεν ότι η κυβέρνησις παρακολουθεί μετ' ενδιαφέροντος το ζήτημα και θα λάβη πάντα τα ενδεικνυόμενα μέτρα. Κατά πληροφορίας εκ των αρμοδίων υπηρεσιών, η σχετική απόφασις ελήφθη κατόπιν μακράς συσκέψεως, εις την οποίαν μετέσχον οι εκπρόσωποι των ενδιαφερομένων φορέων. Ως ανεκοινώθη, αι εργασίαι θα αρχίσουν εντός των προσεχών ημερών και θα περατωθούν μέχρι του τέλους του έτους. Ο κ. υπουργός εδήλωσεν ότι η κυβέρνησις παρακολουθεί μετ' ενδιαφέροντος το ζήτημα και θα λάβη πάντα τα ενδεικνυόμενα μέτρα. Κατά πληροφορίας εκ των αρμοδίων υπηρεσιών, η σχετική απόφασις ελήφθη κατόπιν μακράς συσκέψεως, εις την οποίαν μετέσχον οι εκπρόσωποι των ενδιαφερομένων φορέων. Ως ανεκοινώθη, αι εργασίαι θα αρχίσουν εντός των προσεχών ημερών και θα περατωθούν μέχρι του τέλους του έτους. Ο κ. υπουργός εδήλωσεν ότι η κυβέρνησις παρακολουθεί μετ' ενδιαφέροντος το ζήτημα και θα λάβη πάντα τα ενδεικνυόμενα μέτρα. Κατά πληροφορίας εκ των αρμοδίων υπηρεσιών, η σχετική απόφασις ελήφθη κατόπιν μακράς συσκέψεως, εις την οποίαν μετέσχον οι εκπρόσωποι των ενδιαφερομένων φορέων. Ως ανεκοινώθη, αι εργασίαι θα αρχίσουν εντός των προσεχών ημερών και θα περατωθούν μέχρι του τέλους του έτους. Ο κ. υπουργός εδήλωσεν ότι η κυβέρνησις παρακολουθεί μετ' ενδιαφέροντος το ζήτημα και θα λάβη πάντα τα ενδεικνυόμενα μέτρα. Κατά πληροφορίας εκ των αρμοδίων υπηρεσιών, η σχετική απόφασις ελήφθη κατόπιν μακράς συσκέψεως, εις την οποίαν μετέσχον οι εκπρόσωποι των ενδιαφερομένων φορέων. Ως ανεκοινώθη, αι εργασίαι θα αρχίσουν εντός των προσεχών ημερών και θα περατωθούν μέχρι του τέλους του έτους. Ο κ. υπουργός εδήλωσεν ότι η κυβέρνησις παρακολουθεί μετ' ενδιαφέροντος το ζήτημα και θα λάβη πάντα τα ενδεικνυόμενα μέτρα. Κατά πληροφορίας εκ των αρμοδίων υπηρεσιών, η σχετική απόφασις ελήφθη κα

Ο Κ. ΤΖΟΝΣΟΝ ΟΜΙΛΗΣΕ ΔΙΑ ΤΑ ΑΜΕΡΙΚΑΝΙΚΑ ΙΔΕΩΔΗ
ΠΡΟΣ ΧΙΛΙΑΔΑΣ ΠΡΟΣΚΟΠΩΝ 44 ΧΩΡΩΝ ΤΟΥ ΚΟΣΜΟΥ

ΒΑΛΛΕΫ ΦΟΡΓΚ, 24. — Κατά πληροφορίας εκ των αρμοδίων υπηρεσιών, η σχετική απόφασις ελήφθη κατόπιν μακράς συσκέψεως, εις την οποίαν μετέσχον οι εκπρόσωποι των ενδιαφερομένων φορέων. Ως ανεκοινώθη, αι εργασίαι θα αρχίσουν εντός των προσεχών ημερών και θα περατωθούν μέχρι του τέλους του έτους. Ο κ. υπουργός εδήλωσεν ότι η κυβέρνησις παρακολουθεί μετ' ενδιαφέροντος το ζήτημα και θα λάβη πάντα τα ενδεικνυόμενα μέτρα. Κατά πληροφορίας εκ των αρμοδίων υπηρεσιών, η σχετική απόφασις ελήφθη κατόπιν μακράς συσκέψεως, εις την οποίαν μετέσχον οι εκπρόσωποι των ενδιαφερομένων φορέων. Ως ανεκοινώθη, αι εργασίαι θα αρχίσουν εντός των προσεχών ημερών και θα περατωθούν μέχρι του τέλους του έτους. Ο κ. υπουργός εδήλωσεν ότι η κυβέρνησις παρακολουθεί μετ' ενδιαφέροντος το ζήτημα και θα λάβη πάντα τα ενδεικνυόμενα μέτρα. Κατά πληροφορίας εκ των αρμοδίων υπηρεσιών, η σχετική απόφασις ελήφθη κατόπιν μακράς συσκέψεως, εις την οποίαν μετέσχον οι εκπρόσωποι των ενδιαφερομένων φορέων. Ως ανεκοινώθη, αι εργασίαι θα αρχίσουν εντός των προσεχών ημερών και θα περατωθούν μέχρι του τέλους του έτους. Ο κ. υπουργός εδήλωσεν ότι η κυβέρνησις παρακολουθεί μετ' ενδιαφέροντος το ζήτημα και θα λάβη πάντα τα ενδεικνυόμενα μέτρα. Κατά πληροφορίας εκ των αρμοδίων υπηρεσιών, η σχετική απόφασις ελήφθη κατόπιν μακράς συσκέψεως, εις την οποίαν μετέσχον οι εκπρόσωποι των ενδιαφερομένων φορέων. Ως ανεκοινώθη, αι εργασίαι θα αρχίσουν εντός των προσεχών ημερών και θα περατωθούν μέχρι του τέλους του έτους. Ο κ. υπουργός εδήλωσεν ότι η κυβέρνησις παρακολουθεί μετ' ενδιαφέροντος το ζήτημα και θα λάβη πάντα τα ενδεικνυόμενα μέτρα. Κατά πληροφορίας εκ των αρμοδίων υπηρεσιών, η σχετική απόφασις ελήφθη κατόπιν μακράς συσκέψεως, εις την οποίαν μετέσχον οι εκπρόσωποι των ενδιαφερομένων φορέων. Ως ανεκοινώθη, αι εργασίαι θα αρχίσουν εντός των προσεχών ημερών και θα περατωθούν μέχρι του τέλους του έτους. Ο κ. υπουργός εδήλωσεν ότι η κυβέρνησις παρακολουθεί μετ' ενδιαφέροντος το ζήτημα και θα λάβη πάντα τα ενδεικνυόμενα μέτρα. Κατά πληροφορίας εκ των αρμοδίων υπηρεσιών, η σχετική απόφασις ελήφθη κατόπιν μακράς συσκέψεως, εις την οποίαν μετέσχον οι εκπρόσωποι των ενδιαφερομένων φορέων. Ως ανεκοινώθη, αι εργασίαι θα αρχίσουν εντός των προσεχών ημερών και θα περατωθούν μέχρι του τέλους του έτους. Ο κ. υπουργός εδήλωσεν ότι η κυβέρνησις παρακολουθεί μετ' ενδιαφέροντος το ζήτημα και θα λάβη πάντα τα ενδεικνυόμενα μέτρα. Κατά πληροφορίας εκ των αρμοδίων υπηρεσιών, η σχετική απόφασις ελήφθη κατόπιν μακράς συσκέψεως, εις την οποίαν μετέσχον οι εκπρόσωποι των ενδιαφερομένων φορέων. Ως ανεκοινώθη, αι εργασίαι θα αρχίσουν εντός των προσεχών ημερών και θα περατωθούν μέχρι του τέλους του έτους. Ο κ. υπουργός εδήλωσεν ότι η κυβέρνησις παρακολουθεί μετ' ενδιαφέροντος το ζήτημα και θα λάβη πάντα τα ενδεικνυόμενα μέτρα. Κατά πληροφορίας εκ των αρμοδίων υπηρεσιών, η σχετική απόφασις ελήφθη κατόπιν μακράς συσκέψεως, εις την οποίαν μετέσχον οι εκπρόσωποι των ενδιαφερομένων φορέων. Ως ανεκοινώθη, αι εργασίαι θα αρχίσουν εντός των προσεχών ημερών και θα περατωθούν μέχρι του τέλους του έτους. Ο κ. υπουργός εδήλωσεν ότι η κυβέρνησις παρακολουθεί μετ' ενδιαφέροντος το ζήτημα και θα λάβη πάντα τα ενδεικνυόμενα μέτρα. Κατά πληροφορίας εκ των αρμοδίων υπηρεσιών, η σχετική απόφασις ελήφθη κα

150.000 ΞΕΝΟΙ ΣΠΟΥΔΑΣΤΑΙ ΚΑΙ ΕΠΙΣΤΗΜΟΝΕΣ
ΕΥΡΙΣΚΟΝΤΑΙ ΕΦΕΤΟΣ ΕΙΣ ΤΑΣ ΗΝ. ΠΟΛΙΤΕΙΑΣ

ΝΕΑ ΥΟΡΚΗ, 24. — Κατά πληροφορίας εκ των αρμοδίων υπηρεσιών, η σχετική απόφασις ελήφθη κατόπιν μακράς συσκέψεως, εις την οποίαν μετέσχον οι εκπρόσωποι των ενδιαφερομένων φορέων. Ως ανεκοινώθη, αι εργασίαι θα αρχίσουν εντός των προσεχών ημερών και θα περατωθούν μέχρι του τέλους του έτους. Ο κ. υπουργός εδήλωσεν ότι η κυβέρνησις παρακολουθεί μετ' ενδιαφέροντος το ζήτημα και θα λάβη πάντα τα ενδεικνυόμενα μέτρα. Κατά πληροφορίας εκ των αρμοδίων υπηρεσιών, η σχετική απόφασις ελήφθη κατόπιν μακράς συσκέψεως, εις την οποίαν μετέσχον οι εκπρόσωποι των ενδιαφ

Η ΜΟΣΧΑ ΕΠΙΚΡΙΝΕΙ
ΤΗΝ ΣΥΜΦΩΝΙΑΝ
ΝΑΤΟ — ΑΜΕΡΙΚΗΣ
ΔΙΑ ΤΑ ΠΥΡΗΝΙΚΑ

ΜΟΣΧΑ, 24. — Κατά πληροφορίας εκ των αρμοδίων υπηρεσιών, η σχετική απόφασις ελήφθη κατόπιν μακράς συσκέψεως, εις την οποίαν μετέσχον οι εκπρόσωποι των ενδιαφερομένων φορέων. Ως ανεκοινώθη, αι εργασίαι θα αρχίσουν εντός των προσεχών ημερών και θα περατωθούν μέχρι του τέλους του έτους. Ο κ. υπουργός εδήλωσεν ότι η κυβέρνησις παρακολουθεί μετ' ενδιαφέροντος το ζήτημα και θα λάβη πάντα τα ενδεικνυόμενα μέτρα. Κατά πληροφορίας εκ των αρμοδίων υπηρεσιών, η σχετική απόφασις ελήφθη κατόπιν μακράς συσκέψεως, εις την οποίαν μετέσχον οι εκπρόσωποι των ενδιαφερομένων φορέων. Ως ανεκοινώθη, αι εργασίαι θα αρχίσουν εντός των προσεχών ημερών και θα περατωθούν μέχρι του τέλους του έτους. Ο κ. υπουργός εδήλωσεν ότι η κυβέρνησις παρακολουθεί μετ' ενδιαφέροντος το ζήτημα και θα λάβη πάντα τα ενδεικνυόμενα μέτρα. Κατά πληροφορίας εκ των αρμοδίων υπηρεσιών, η σχετική απόφασις ελήφθη κατόπιν μακράς συσκέψεως, εις την οποίαν μετέσχον οι εκπρόσωποι των ενδιαφερομένων φορέων. Ως ανεκοινώθη, αι εργασίαι θα αρχίσουν εντός των προσεχών ημερών και θα περατωθούν μέχρι του τέλους του έτους. Ο κ. υπουργός εδήλωσεν ότι η κυβέρνησις παρακολουθεί μετ' ενδιαφέροντος το ζήτημα και θα λάβη πάντα τα ενδεικνυόμενα μέτρα. Κατά πληροφορίας εκ των αρμοδίων υπηρεσιών, η σχετική απόφασις ελήφθη κατόπιν μακράς συσκέψεως, εις την οποίαν μετέσχον οι εκπρόσωποι των ενδιαφερομένων φορέων. Ως ανεκοινώθη, αι εργασίαι θα αρχίσουν εντός των προσεχών ημερών και θα περατωθούν μέχρι του τέλους του έτους. Ο κ. υπουργός εδήλωσεν ότι η κυβέρνησις παρακολουθεί μετ' ενδιαφέροντος το ζήτημα και θα λάβη πάντα τα ενδεικνυόμενα μέτρα. Κατά πληροφορίας εκ των αρμοδίων υπη

ΟΥΔΕΙΣ ΑΝΑΤΟΛΙΚΟΓΕΡΜΑΝΟΣ
ΕΙΣ ΤΟ ΕΝ ΝΕΑ ΥΟΡΚΗ
ΒΙΟΜΗΧΑΝΙΚΟΝ ΣΥΝΕΔΡΙΟΝ

ΒΕΡΟΛΙΝΟΝ, 24. — Κατά πληροφορίας εκ των αρμοδίων υπηρεσιών, η σχετική απόφασις ελήφθη κατόπιν μακράς συσκέψεως, εις την οποίαν μετέσχον οι εκπρόσωποι των ενδιαφερομένων φορέων. Ως ανεκοινώθη, αι εργασίαι θα αρχίσουν εντός των προσεχών ημερών και θα περατωθούν μέχρι του τέλους του έτους. Ο κ. υπουργός εδήλωσεν ότι η κυβέρνησις παρακολουθεί μετ' ενδιαφέροντος το ζήτημα και θα λάβη πάντα τα ενδεικνυόμενα μέτρα. Κατά πληροφορίας εκ των αρμοδίων υπηρεσιών, η σχετική απόφασις ελήφθη κατόπιν μακράς συσκέψεως, εις την οποίαν μετέσχον οι εκπρόσωποι των ενδιαφερομένων φορέων. Ως ανεκοινώθη, αι εργασίαι θα αρχίσουν εντός των προσεχών ημερών και θα περατωθούν μέχρι του τέλους του έτους. Ο κ. υπουργός εδήλωσεν ότι η κυβέρνησις παρακολουθεί μετ' ενδιαφέροντος το ζήτημα και θα λάβη πάντα τα ενδεικνυόμενα μέτρα. Κατά πληροφορίας εκ των αρμοδίων υπηρεσιών, η σχετική απόφασις ελήφθη κατόπιν μακράς συσκέψεως, εις την οποίαν μετέσχον οι εκπρόσωποι των ενδιαφερομένων φορέων. Ως ανεκοινώθη, αι εργασίαι θα αρχίσουν εντός των προσεχών ημερών και θα περατωθούν μέχρι του τέλους του έτους. Ο κ. υπουργός εδ

ΣΥΓΓΕΝΕΙΣ ΤΩΝ ΑΠΕΡΓΩΝ ΕΙΣ ΤΑΣ ΣΕΡΡΑΣ
ΕΔΗΜΙΟΥΡΓΗΣΑΝ ΘΟΡΥΒΩΔΗ ΕΠΕΙΣΟΔΙΑ
ΣΧΕΔΗ Η ΑΠΕΡΓΙΑ

Κατά πληροφορίας εκ των αρμοδίων υπηρεσιών, η σχετική απόφασις ελήφθη κατόπιν μακράς συσκέψεως, εις την οποίαν μετέσχον οι εκπρόσωποι των ενδιαφερομένων φορέων. Ως ανεκοινώθη, αι εργασίαι θα αρχίσουν εντός των προσεχών ημερών και θα περατωθούν μέχρι του τέλους του έτους. Ο κ. υπουργός εδήλωσεν ότι η κυβέρνησις παρακολουθεί μετ' ενδιαφέροντος το ζήτημα και θα λάβη πάντα τα ενδεικνυόμενα μέτρα. Κατά πληροφορίας εκ των αρμοδίων υπηρεσιών, η σχετική απόφασις ελήφθη κατόπιν μακράς συσκέψεως, εις την οποίαν μετέσχον οι εκπρόσωποι των ενδιαφερομένων φορέων. Ως ανεκοινώθη, αι εργασίαι θα αρχίσουν εντός των προσεχών ημερών και θα περατωθούν μέχρι του τέλους του έτους. Ο κ. υπουργός εδήλωσεν ότι η κυβέρνησις παρακολουθεί μετ' ενδιαφέροντος το ζήτημα και θα λάβη πάντα τα ενδεικνυόμενα μέτρα. Κατά πληροφορίας εκ των αρμοδίων υπηρεσιών, η σχετική απόφασις ελήφθη κατόπιν μακράς συσκέψεως, εις την οποίαν μετέσχον οι εκπρόσωποι των ενδιαφερομένων φορέων. Ως ανεκοινώθη, αι εργασίαι θα αρχίσουν εντός των προσεχών ημερών και θα περατωθούν μέχρι του τέλους του έτους. Ο κ. υπουργός εδήλωσεν ότι η κυβέρνησις παρακολουθεί μετ' ενδιαφέροντος το ζήτημα και θα λάβη πάντα τα ενδεικνυόμενα μέτρα. Κατά πληροφορίας εκ των αρμοδίων υπηρεσιών, η σχετική απόφασις ελήφθη κατόπιν μακράς συσκέψεως, εις την οποίαν μετέσχον οι εκπρόσωποι των ενδιαφερομένων φορέων. Ως ανεκοινώθη, αι εργασίαι θα αρχίσουν εντός των προσεχών ημερών και θα περατωθούν μέχρι του τέλους του έτους. Ο κ. υπουργός εδήλωσεν ότι η κυβέρνησις παρακολουθεί μετ' ενδιαφέροντος το ζήτημα και θα λάβη πάντα τα ενδεικνυόμενα μέτρα. Κατά πληροφορίας εκ των αρμοδίων υπηρεσιών, η σχετική απόφασις ελήφθη κατόπιν μακράς συσκέψεως, εις την οποίαν μετέσχον οι εκπρόσωποι των ενδιαφερομένων φορέων. Ως ανεκοινώθη, αι εργασίαι θα αρχίσουν εντός των προσεχών ημερών και θα περατωθούν μέχρι του τέλους του έτους. Ο κ. υπουργός εδήλωσεν ότι η κυβέρνησις παρακολουθεί μετ' ενδιαφέροντος το ζήτημα και θα λάβη πάντα τα ενδεικνυόμενα μέτρα. Κατά πληροφορίας εκ των αρμοδίων υπηρεσιών, η σχετική απόφασις ελήφθη κατόπιν μακράς συσκέψεως, εις την οποίαν μετέσχον οι εκπρόσωποι των ενδιαφερομένων φορέων. Ως ανεκοινώθη, αι εργασίαι θα αρχίσουν εντός των προσεχών ημερών και θα περατωθούν μέχρι του τέλους του έτους. Ο κ. υπουργός εδήλωσεν ότι η κυβέρνησις παρακολουθεί μετ' ενδιαφέροντος το ζήτημα και θα λάβη πάντα τα ενδεικνυόμενα μέτρα. Κατά πληροφορίας εκ των αρμοδίων υπηρεσιών, η σχετική απόφασις ελήφθη κατόπιν μακράς συσκέψεως, εις την οποίαν μετέσχον οι εκπρόσωποι των ενδιαφερομένων φορέων. Ως ανεκοινώθη, αι εργασίαι θα αρχίσουν εντός των προσεχών ημερών και θα περατωθούν μέχρι του τέλους του έτους. Ο κ. υπουργός εδήλωσεν ότι η κυβέρνησις παρακολουθεί

ΣΥΝΕΧΕΙΑ ΕΚ ΤΗΣ Α' ΣΕΛΙΔΟΣ — Κατά πληροφορίας εκ των αρμοδίων υπηρεσιών, η σχετική απόφασις ελήφθη κατόπιν μακράς συσκέψεως, εις την οποίαν μετέσχον οι εκπρόσωποι των ενδιαφερομένων φορέων. Ως ανεκοινώθη, αι εργασίαι θα αρχίσουν εντός των προσεχών ημερών και θα περατωθούν μέχρι του τέλους του έτους. Ο κ. υπουργός εδήλωσεν ότι η κυβέρνησις παρακολουθεί μετ' ενδιαφέροντος το ζήτημα και θα λάβη πάντα τα ενδεικνυόμενα μέτρα. Κατά πληροφορίας εκ των αρμοδίων υπηρεσιών, η σχετική απόφασις ελήφθη κατόπιν μακράς συσκέψεως, εις την οποίαν μετέσχον οι εκπρόσωποι των ενδιαφερομένων φορέων. Ως ανεκοινώθη, αι εργασίαι θα αρχίσουν εντός των προσεχών ημερών και θα περατωθούν μέχρι του τέλους του έτους. Ο κ. υπουργός εδήλωσεν ότι η κυβέρνησις παρακολουθεί μετ' ενδιαφέροντος το ζήτημα και θα λάβη πάντα τα ενδεικνυόμενα μέτρα. Κατά πληροφορίας εκ των αρμοδίων υπηρεσιών, η σχετική απόφασις ελήφθη κατόπιν μακράς συσκέψεως, εις την οποί
